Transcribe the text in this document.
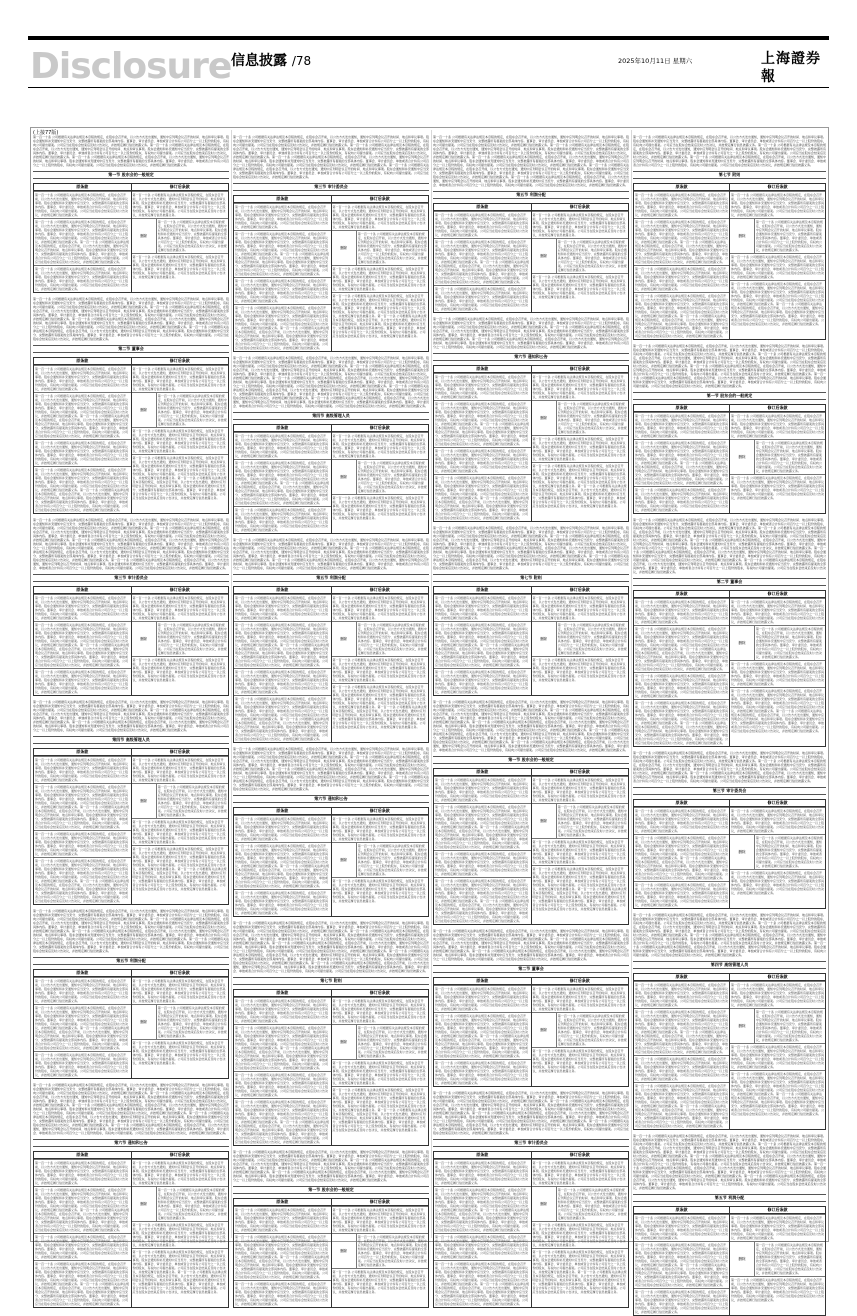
Disclosure 信息披露 /78	2025年10月11日 星期六	上海證券報
(上接77版)
第一百一十条 公司根据有关法律法规及本章程的规定，在股东会召开前，以公告方式发出通知，通知中应列明会议召开的时间、地点和审议事项。股东会通知和补充通知中应当充分、完整披露所有提案的全部具体内容。董事会、审计委员会、单独或者合计持有公司百分之一以上股份的股东，有权向公司提出提案。公司应当在股东会结束后及时公告决议，并按规定履行信息披露义务。第一百一十条 公司根据有关法律法规及本章程的规定，在股东会召开前，以公告方式发出通知，通知中应列明会议召开的时间、地点和审议事项。股东会通知和补充通知中应当充分、完整披露所有提案的全部具体内容。董事会、审计委员会、单独或者合计持有公司百分之一以上股份的股东，有权向公司提出提案。公司应当在股东会结束后及时公告决议，并按规定履行信息披露义务。第一百一十条 公司根据有关法律法规及本章程的规定，在股东会召开前，以公告方式发出通知，通知中应列明会议召开的时间、地点和审议事项。股东会通知和补充通知中应当充分、完整披露所有提案的全部具体内容。董事会、审计委员会、单独或者合计持有公司百分之一以上股份的股东，有权向公司提出提案。公司应当在股东会结束后及时公告决议，并按规定履行信息披露义务。
第一节 股东会的一般规定
原条款
第一百一十条 公司根据有关法律法规及本章程的规定，在股东会召开前，以公告方式发出通知，通知中应列明会议召开的时间、地点和审议事项。股东会通知和补充通知中应当充分、完整披露所有提案的全部具体内容。董事会、审计委员会、单独或者合计持有公司百分之一以上股份的股东，有权向公司提出提案。公司应当在股东会结束后及时公告决议，并按规定履行信息披露义务。
第一百一十条 公司根据有关法律法规及本章程的规定，在股东会召开前，以公告方式发出通知，通知中应列明会议召开的时间、地点和审议事项。股东会通知和补充通知中应当充分、完整披露所有提案的全部具体内容。董事会、审计委员会、单独或者合计持有公司百分之一以上股份的股东，有权向公司提出提案。公司应当在股东会结束后及时公告决议，并按规定履行信息披露义务。第一百一十条 公司根据有关法律法规及本章程的规定，在股东会召开前，以公告方式发出通知，通知中应列明会议召开的时间、地点和审议事项。股东会通知和补充通知中应当充分、完整披露所有提案的全部具体内容。董事会、审计委员会、单独或者合计持有公司百分之一以上股份的股东，有权向公司提出提案。公司应当在股东会结束后及时公告决议，并按规定履行信息披露义务。
第一百一十条 公司根据有关法律法规及本章程的规定，在股东会召开前，以公告方式发出通知，通知中应列明会议召开的时间、地点和审议事项。股东会通知和补充通知中应当充分、完整披露所有提案的全部具体内容。董事会、审计委员会、单独或者合计持有公司百分之一以上股份的股东，有权向公司提出提案。公司应当在股东会结束后及时公告决议，并按规定履行信息披露义务。
修订后条款
第一百一十条 公司根据有关法律法规及本章程的规定，在股东会召开前，以公告方式发出通知，通知中应列明会议召开的时间、地点和审议事项。股东会通知和补充通知中应当充分、完整披露所有提案的全部具体内容。董事会、审计委员会、单独或者合计持有公司百分之一以上股份的股东，有权向公司提出提案。公司应当在股东会结束后及时公告决议，并按规定履行信息披露义务。
删除
第一百一十条 公司根据有关法律法规及本章程的规定，在股东会召开前，以公告方式发出通知，通知中应列明会议召开的时间、地点和审议事项。股东会通知和补充通知中应当充分、完整披露所有提案的全部具体内容。董事会、审计委员会、单独或者合计持有公司百分之一以上股份的股东，有权向公司提出提案。公司应当在股东会结束后及时公告决议，并按规定履行信息披露义务。
第一百一十条 公司根据有关法律法规及本章程的规定，在股东会召开前，以公告方式发出通知，通知中应列明会议召开的时间、地点和审议事项。股东会通知和补充通知中应当充分、完整披露所有提案的全部具体内容。董事会、审计委员会、单独或者合计持有公司百分之一以上股份的股东，有权向公司提出提案。公司应当在股东会结束后及时公告决议，并按规定履行信息披露义务。
第一百一十条 公司根据有关法律法规及本章程的规定，在股东会召开前，以公告方式发出通知，通知中应列明会议召开的时间、地点和审议事项。股东会通知和补充通知中应当充分、完整披露所有提案的全部具体内容。董事会、审计委员会、单独或者合计持有公司百分之一以上股份的股东，有权向公司提出提案。公司应当在股东会结束后及时公告决议，并按规定履行信息披露义务。第一百一十条 公司根据有关法律法规及本章程的规定，在股东会召开前，以公告方式发出通知，通知中应列明会议召开的时间、地点和审议事项。股东会通知和补充通知中应当充分、完整披露所有提案的全部具体内容。董事会、审计委员会、单独或者合计持有公司百分之一以上股份的股东，有权向公司提出提案。公司应当在股东会结束后及时公告决议，并按规定履行信息披露义务。第一百一十条 公司根据有关法律法规及本章程的规定，在股东会召开前，以公告方式发出通知，通知中应列明会议召开的时间、地点和审议事项。股东会通知和补充通知中应当充分、完整披露所有提案的全部具体内容。董事会、审计委员会、单独或者合计持有公司百分之一以上股份的股东，有权向公司提出提案。公司应当在股东会结束后及时公告决议，并按规定履行信息披露义务。第一百一十条 公司根据有关法律法规及本章程的规定，在股东会召开前，以公告方式发出通知，通知中应列明会议召开的时间、地点和审议事项。股东会通知和补充通知中应当充分、完整披露所有提案的全部具体内容。董事会、审计委员会、单独或者合计持有公司百分之一以上股份的股东，有权向公司提出提案。公司应当在股东会结束后及时公告决议，并按规定履行信息披露义务。
第二节 董事会
原条款
第一百一十条 公司根据有关法律法规及本章程的规定，在股东会召开前，以公告方式发出通知，通知中应列明会议召开的时间、地点和审议事项。股东会通知和补充通知中应当充分、完整披露所有提案的全部具体内容。董事会、审计委员会、单独或者合计持有公司百分之一以上股份的股东，有权向公司提出提案。公司应当在股东会结束后及时公告决议，并按规定履行信息披露义务。
第一百一十条 公司根据有关法律法规及本章程的规定，在股东会召开前，以公告方式发出通知，通知中应列明会议召开的时间、地点和审议事项。股东会通知和补充通知中应当充分、完整披露所有提案的全部具体内容。董事会、审计委员会、单独或者合计持有公司百分之一以上股份的股东，有权向公司提出提案。公司应当在股东会结束后及时公告决议，并按规定履行信息披露义务。第一百一十条 公司根据有关法律法规及本章程的规定，在股东会召开前，以公告方式发出通知，通知中应列明会议召开的时间、地点和审议事项。股东会通知和补充通知中应当充分、完整披露所有提案的全部具体内容。董事会、审计委员会、单独或者合计持有公司百分之一以上股份的股东，有权向公司提出提案。公司应当在股东会结束后及时公告决议，并按规定履行信息披露义务。
第一百一十条 公司根据有关法律法规及本章程的规定，在股东会召开前，以公告方式发出通知，通知中应列明会议召开的时间、地点和审议事项。股东会通知和补充通知中应当充分、完整披露所有提案的全部具体内容。董事会、审计委员会、单独或者合计持有公司百分之一以上股份的股东，有权向公司提出提案。公司应当在股东会结束后及时公告决议，并按规定履行信息披露义务。
第一百一十条 公司根据有关法律法规及本章程的规定，在股东会召开前，以公告方式发出通知，通知中应列明会议召开的时间、地点和审议事项。股东会通知和补充通知中应当充分、完整披露所有提案的全部具体内容。董事会、审计委员会、单独或者合计持有公司百分之一以上股份的股东，有权向公司提出提案。公司应当在股东会结束后及时公告决议，并按规定履行信息披露义务。第一百一十条 公司根据有关法律法规及本章程的规定，在股东会召开前，以公告方式发出通知，通知中应列明会议召开的时间、地点和审议事项。股东会通知和补充通知中应当充分、完整披露所有提案的全部具体内容。董事会、审计委员会、单独或者合计持有公司百分之一以上股份的股东，有权向公司提出提案。公司应当在股东会结束后及时公告决议，并按规定履行信息披露义务。
修订后条款
第一百一十条 公司根据有关法律法规及本章程的规定，在股东会召开前，以公告方式发出通知，通知中应列明会议召开的时间、地点和审议事项。股东会通知和补充通知中应当充分、完整披露所有提案的全部具体内容。董事会、审计委员会、单独或者合计持有公司百分之一以上股份的股东，有权向公司提出提案。公司应当在股东会结束后及时公告决议，并按规定履行信息披露义务。
删除
第一百一十条 公司根据有关法律法规及本章程的规定，在股东会召开前，以公告方式发出通知，通知中应列明会议召开的时间、地点和审议事项。股东会通知和补充通知中应当充分、完整披露所有提案的全部具体内容。董事会、审计委员会、单独或者合计持有公司百分之一以上股份的股东，有权向公司提出提案。公司应当在股东会结束后及时公告决议，并按规定履行信息披露义务。
第一百一十条 公司根据有关法律法规及本章程的规定，在股东会召开前，以公告方式发出通知，通知中应列明会议召开的时间、地点和审议事项。股东会通知和补充通知中应当充分、完整披露所有提案的全部具体内容。董事会、审计委员会、单独或者合计持有公司百分之一以上股份的股东，有权向公司提出提案。公司应当在股东会结束后及时公告决议，并按规定履行信息披露义务。
第一百一十条 公司根据有关法律法规及本章程的规定，在股东会召开前，以公告方式发出通知，通知中应列明会议召开的时间、地点和审议事项。股东会通知和补充通知中应当充分、完整披露所有提案的全部具体内容。董事会、审计委员会、单独或者合计持有公司百分之一以上股份的股东，有权向公司提出提案。公司应当在股东会结束后及时公告决议，并按规定履行信息披露义务。第一百一十条 公司根据有关法律法规及本章程的规定，在股东会召开前，以公告方式发出通知，通知中应列明会议召开的时间、地点和审议事项。股东会通知和补充通知中应当充分、完整披露所有提案的全部具体内容。董事会、审计委员会、单独或者合计持有公司百分之一以上股份的股东，有权向公司提出提案。公司应当在股东会结束后及时公告决议，并按规定履行信息披露义务。
第一百一十条 公司根据有关法律法规及本章程的规定，在股东会召开前，以公告方式发出通知，通知中应列明会议召开的时间、地点和审议事项。股东会通知和补充通知中应当充分、完整披露所有提案的全部具体内容。董事会、审计委员会、单独或者合计持有公司百分之一以上股份的股东，有权向公司提出提案。公司应当在股东会结束后及时公告决议，并按规定履行信息披露义务。第一百一十条 公司根据有关法律法规及本章程的规定，在股东会召开前，以公告方式发出通知，通知中应列明会议召开的时间、地点和审议事项。股东会通知和补充通知中应当充分、完整披露所有提案的全部具体内容。董事会、审计委员会、单独或者合计持有公司百分之一以上股份的股东，有权向公司提出提案。公司应当在股东会结束后及时公告决议，并按规定履行信息披露义务。第一百一十条 公司根据有关法律法规及本章程的规定，在股东会召开前，以公告方式发出通知，通知中应列明会议召开的时间、地点和审议事项。股东会通知和补充通知中应当充分、完整披露所有提案的全部具体内容。董事会、审计委员会、单独或者合计持有公司百分之一以上股份的股东，有权向公司提出提案。公司应当在股东会结束后及时公告决议，并按规定履行信息披露义务。第一百一十条 公司根据有关法律法规及本章程的规定，在股东会召开前，以公告方式发出通知，通知中应列明会议召开的时间、地点和审议事项。股东会通知和补充通知中应当充分、完整披露所有提案的全部具体内容。董事会、审计委员会、单独或者合计持有公司百分之一以上股份的股东，有权向公司提出提案。公司应当在股东会结束后及时公告决议，并按规定履行信息披露义务。第一百一十条 公司根据有关法律法规及本章程的规定，在股东会召开前，以公告方式发出通知，通知中应列明会议召开的时间、地点和审议事项。股东会通知和补充通知中应当充分、完整披露所有提案的全部具体内容。董事会、审计委员会、单独或者合计持有公司百分之一以上股份的股东，有权向公司提出提案。公司应当在股东会结束后及时公告决议，并按规定履行信息披露义务。
第三节 审计委员会
原条款
第一百一十条 公司根据有关法律法规及本章程的规定，在股东会召开前，以公告方式发出通知，通知中应列明会议召开的时间、地点和审议事项。股东会通知和补充通知中应当充分、完整披露所有提案的全部具体内容。董事会、审计委员会、单独或者合计持有公司百分之一以上股份的股东，有权向公司提出提案。公司应当在股东会结束后及时公告决议，并按规定履行信息披露义务。
第一百一十条 公司根据有关法律法规及本章程的规定，在股东会召开前，以公告方式发出通知，通知中应列明会议召开的时间、地点和审议事项。股东会通知和补充通知中应当充分、完整披露所有提案的全部具体内容。董事会、审计委员会、单独或者合计持有公司百分之一以上股份的股东，有权向公司提出提案。公司应当在股东会结束后及时公告决议，并按规定履行信息披露义务。第一百一十条 公司根据有关法律法规及本章程的规定，在股东会召开前，以公告方式发出通知，通知中应列明会议召开的时间、地点和审议事项。股东会通知和补充通知中应当充分、完整披露所有提案的全部具体内容。董事会、审计委员会、单独或者合计持有公司百分之一以上股份的股东，有权向公司提出提案。公司应当在股东会结束后及时公告决议，并按规定履行信息披露义务。
第一百一十条 公司根据有关法律法规及本章程的规定，在股东会召开前，以公告方式发出通知，通知中应列明会议召开的时间、地点和审议事项。股东会通知和补充通知中应当充分、完整披露所有提案的全部具体内容。董事会、审计委员会、单独或者合计持有公司百分之一以上股份的股东，有权向公司提出提案。公司应当在股东会结束后及时公告决议，并按规定履行信息披露义务。
修订后条款
第一百一十条 公司根据有关法律法规及本章程的规定，在股东会召开前，以公告方式发出通知，通知中应列明会议召开的时间、地点和审议事项。股东会通知和补充通知中应当充分、完整披露所有提案的全部具体内容。董事会、审计委员会、单独或者合计持有公司百分之一以上股份的股东，有权向公司提出提案。公司应当在股东会结束后及时公告决议，并按规定履行信息披露义务。
删除
第一百一十条 公司根据有关法律法规及本章程的规定，在股东会召开前，以公告方式发出通知，通知中应列明会议召开的时间、地点和审议事项。股东会通知和补充通知中应当充分、完整披露所有提案的全部具体内容。董事会、审计委员会、单独或者合计持有公司百分之一以上股份的股东，有权向公司提出提案。公司应当在股东会结束后及时公告决议，并按规定履行信息披露义务。
第一百一十条 公司根据有关法律法规及本章程的规定，在股东会召开前，以公告方式发出通知，通知中应列明会议召开的时间、地点和审议事项。股东会通知和补充通知中应当充分、完整披露所有提案的全部具体内容。董事会、审计委员会、单独或者合计持有公司百分之一以上股份的股东，有权向公司提出提案。公司应当在股东会结束后及时公告决议，并按规定履行信息披露义务。
第一百一十条 公司根据有关法律法规及本章程的规定，在股东会召开前，以公告方式发出通知，通知中应列明会议召开的时间、地点和审议事项。股东会通知和补充通知中应当充分、完整披露所有提案的全部具体内容。董事会、审计委员会、单独或者合计持有公司百分之一以上股份的股东，有权向公司提出提案。公司应当在股东会结束后及时公告决议，并按规定履行信息披露义务。第一百一十条 公司根据有关法律法规及本章程的规定，在股东会召开前，以公告方式发出通知，通知中应列明会议召开的时间、地点和审议事项。股东会通知和补充通知中应当充分、完整披露所有提案的全部具体内容。董事会、审计委员会、单独或者合计持有公司百分之一以上股份的股东，有权向公司提出提案。公司应当在股东会结束后及时公告决议，并按规定履行信息披露义务。第一百一十条 公司根据有关法律法规及本章程的规定，在股东会召开前，以公告方式发出通知，通知中应列明会议召开的时间、地点和审议事项。股东会通知和补充通知中应当充分、完整披露所有提案的全部具体内容。董事会、审计委员会、单独或者合计持有公司百分之一以上股份的股东，有权向公司提出提案。公司应当在股东会结束后及时公告决议，并按规定履行信息披露义务。
第四节 高级管理人员
原条款
第一百一十条 公司根据有关法律法规及本章程的规定，在股东会召开前，以公告方式发出通知，通知中应列明会议召开的时间、地点和审议事项。股东会通知和补充通知中应当充分、完整披露所有提案的全部具体内容。董事会、审计委员会、单独或者合计持有公司百分之一以上股份的股东，有权向公司提出提案。公司应当在股东会结束后及时公告决议，并按规定履行信息披露义务。
第一百一十条 公司根据有关法律法规及本章程的规定，在股东会召开前，以公告方式发出通知，通知中应列明会议召开的时间、地点和审议事项。股东会通知和补充通知中应当充分、完整披露所有提案的全部具体内容。董事会、审计委员会、单独或者合计持有公司百分之一以上股份的股东，有权向公司提出提案。公司应当在股东会结束后及时公告决议，并按规定履行信息披露义务。第一百一十条 公司根据有关法律法规及本章程的规定，在股东会召开前，以公告方式发出通知，通知中应列明会议召开的时间、地点和审议事项。股东会通知和补充通知中应当充分、完整披露所有提案的全部具体内容。董事会、审计委员会、单独或者合计持有公司百分之一以上股份的股东，有权向公司提出提案。公司应当在股东会结束后及时公告决议，并按规定履行信息披露义务。
第一百一十条 公司根据有关法律法规及本章程的规定，在股东会召开前，以公告方式发出通知，通知中应列明会议召开的时间、地点和审议事项。股东会通知和补充通知中应当充分、完整披露所有提案的全部具体内容。董事会、审计委员会、单独或者合计持有公司百分之一以上股份的股东，有权向公司提出提案。公司应当在股东会结束后及时公告决议，并按规定履行信息披露义务。
第一百一十条 公司根据有关法律法规及本章程的规定，在股东会召开前，以公告方式发出通知，通知中应列明会议召开的时间、地点和审议事项。股东会通知和补充通知中应当充分、完整披露所有提案的全部具体内容。董事会、审计委员会、单独或者合计持有公司百分之一以上股份的股东，有权向公司提出提案。公司应当在股东会结束后及时公告决议，并按规定履行信息披露义务。第一百一十条 公司根据有关法律法规及本章程的规定，在股东会召开前，以公告方式发出通知，通知中应列明会议召开的时间、地点和审议事项。股东会通知和补充通知中应当充分、完整披露所有提案的全部具体内容。董事会、审计委员会、单独或者合计持有公司百分之一以上股份的股东，有权向公司提出提案。公司应当在股东会结束后及时公告决议，并按规定履行信息披露义务。
修订后条款
第一百一十条 公司根据有关法律法规及本章程的规定，在股东会召开前，以公告方式发出通知，通知中应列明会议召开的时间、地点和审议事项。股东会通知和补充通知中应当充分、完整披露所有提案的全部具体内容。董事会、审计委员会、单独或者合计持有公司百分之一以上股份的股东，有权向公司提出提案。公司应当在股东会结束后及时公告决议，并按规定履行信息披露义务。
删除
第一百一十条 公司根据有关法律法规及本章程的规定，在股东会召开前，以公告方式发出通知，通知中应列明会议召开的时间、地点和审议事项。股东会通知和补充通知中应当充分、完整披露所有提案的全部具体内容。董事会、审计委员会、单独或者合计持有公司百分之一以上股份的股东，有权向公司提出提案。公司应当在股东会结束后及时公告决议，并按规定履行信息披露义务。
第一百一十条 公司根据有关法律法规及本章程的规定，在股东会召开前，以公告方式发出通知，通知中应列明会议召开的时间、地点和审议事项。股东会通知和补充通知中应当充分、完整披露所有提案的全部具体内容。董事会、审计委员会、单独或者合计持有公司百分之一以上股份的股东，有权向公司提出提案。公司应当在股东会结束后及时公告决议，并按规定履行信息披露义务。
第一百一十条 公司根据有关法律法规及本章程的规定，在股东会召开前，以公告方式发出通知，通知中应列明会议召开的时间、地点和审议事项。股东会通知和补充通知中应当充分、完整披露所有提案的全部具体内容。董事会、审计委员会、单独或者合计持有公司百分之一以上股份的股东，有权向公司提出提案。公司应当在股东会结束后及时公告决议，并按规定履行信息披露义务。第一百一十条 公司根据有关法律法规及本章程的规定，在股东会召开前，以公告方式发出通知，通知中应列明会议召开的时间、地点和审议事项。股东会通知和补充通知中应当充分、完整披露所有提案的全部具体内容。董事会、审计委员会、单独或者合计持有公司百分之一以上股份的股东，有权向公司提出提案。公司应当在股东会结束后及时公告决议，并按规定履行信息披露义务。
第一百一十条 公司根据有关法律法规及本章程的规定，在股东会召开前，以公告方式发出通知，通知中应列明会议召开的时间、地点和审议事项。股东会通知和补充通知中应当充分、完整披露所有提案的全部具体内容。董事会、审计委员会、单独或者合计持有公司百分之一以上股份的股东，有权向公司提出提案。公司应当在股东会结束后及时公告决议，并按规定履行信息披露义务。第一百一十条 公司根据有关法律法规及本章程的规定，在股东会召开前，以公告方式发出通知，通知中应列明会议召开的时间、地点和审议事项。股东会通知和补充通知中应当充分、完整披露所有提案的全部具体内容。董事会、审计委员会、单独或者合计持有公司百分之一以上股份的股东，有权向公司提出提案。公司应当在股东会结束后及时公告决议，并按规定履行信息披露义务。第一百一十条 公司根据有关法律法规及本章程的规定，在股东会召开前，以公告方式发出通知，通知中应列明会议召开的时间、地点和审议事项。股东会通知和补充通知中应当充分、完整披露所有提案的全部具体内容。董事会、审计委员会、单独或者合计持有公司百分之一以上股份的股东，有权向公司提出提案。公司应当在股东会结束后及时公告决议，并按规定履行信息披露义务。第一百一十条 公司根据有关法律法规及本章程的规定，在股东会召开前，以公告方式发出通知，通知中应列明会议召开的时间、地点和审议事项。股东会通知和补充通知中应当充分、完整披露所有提案的全部具体内容。董事会、审计委员会、单独或者合计持有公司百分之一以上股份的股东，有权向公司提出提案。公司应当在股东会结束后及时公告决议，并按规定履行信息披露义务。
第五节 利润分配
原条款
第一百一十条 公司根据有关法律法规及本章程的规定，在股东会召开前，以公告方式发出通知，通知中应列明会议召开的时间、地点和审议事项。股东会通知和补充通知中应当充分、完整披露所有提案的全部具体内容。董事会、审计委员会、单独或者合计持有公司百分之一以上股份的股东，有权向公司提出提案。公司应当在股东会结束后及时公告决议，并按规定履行信息披露义务。
第一百一十条 公司根据有关法律法规及本章程的规定，在股东会召开前，以公告方式发出通知，通知中应列明会议召开的时间、地点和审议事项。股东会通知和补充通知中应当充分、完整披露所有提案的全部具体内容。董事会、审计委员会、单独或者合计持有公司百分之一以上股份的股东，有权向公司提出提案。公司应当在股东会结束后及时公告决议，并按规定履行信息披露义务。第一百一十条 公司根据有关法律法规及本章程的规定，在股东会召开前，以公告方式发出通知，通知中应列明会议召开的时间、地点和审议事项。股东会通知和补充通知中应当充分、完整披露所有提案的全部具体内容。董事会、审计委员会、单独或者合计持有公司百分之一以上股份的股东，有权向公司提出提案。公司应当在股东会结束后及时公告决议，并按规定履行信息披露义务。
第一百一十条 公司根据有关法律法规及本章程的规定，在股东会召开前，以公告方式发出通知，通知中应列明会议召开的时间、地点和审议事项。股东会通知和补充通知中应当充分、完整披露所有提案的全部具体内容。董事会、审计委员会、单独或者合计持有公司百分之一以上股份的股东，有权向公司提出提案。公司应当在股东会结束后及时公告决议，并按规定履行信息披露义务。
修订后条款
第一百一十条 公司根据有关法律法规及本章程的规定，在股东会召开前，以公告方式发出通知，通知中应列明会议召开的时间、地点和审议事项。股东会通知和补充通知中应当充分、完整披露所有提案的全部具体内容。董事会、审计委员会、单独或者合计持有公司百分之一以上股份的股东，有权向公司提出提案。公司应当在股东会结束后及时公告决议，并按规定履行信息披露义务。
删除
第一百一十条 公司根据有关法律法规及本章程的规定，在股东会召开前，以公告方式发出通知，通知中应列明会议召开的时间、地点和审议事项。股东会通知和补充通知中应当充分、完整披露所有提案的全部具体内容。董事会、审计委员会、单独或者合计持有公司百分之一以上股份的股东，有权向公司提出提案。公司应当在股东会结束后及时公告决议，并按规定履行信息披露义务。
第一百一十条 公司根据有关法律法规及本章程的规定，在股东会召开前，以公告方式发出通知，通知中应列明会议召开的时间、地点和审议事项。股东会通知和补充通知中应当充分、完整披露所有提案的全部具体内容。董事会、审计委员会、单独或者合计持有公司百分之一以上股份的股东，有权向公司提出提案。公司应当在股东会结束后及时公告决议，并按规定履行信息披露义务。
第一百一十条 公司根据有关法律法规及本章程的规定，在股东会召开前，以公告方式发出通知，通知中应列明会议召开的时间、地点和审议事项。股东会通知和补充通知中应当充分、完整披露所有提案的全部具体内容。董事会、审计委员会、单独或者合计持有公司百分之一以上股份的股东，有权向公司提出提案。公司应当在股东会结束后及时公告决议，并按规定履行信息披露义务。第一百一十条 公司根据有关法律法规及本章程的规定，在股东会召开前，以公告方式发出通知，通知中应列明会议召开的时间、地点和审议事项。股东会通知和补充通知中应当充分、完整披露所有提案的全部具体内容。董事会、审计委员会、单独或者合计持有公司百分之一以上股份的股东，有权向公司提出提案。公司应当在股东会结束后及时公告决议，并按规定履行信息披露义务。第一百一十条 公司根据有关法律法规及本章程的规定，在股东会召开前，以公告方式发出通知，通知中应列明会议召开的时间、地点和审议事项。股东会通知和补充通知中应当充分、完整披露所有提案的全部具体内容。董事会、审计委员会、单独或者合计持有公司百分之一以上股份的股东，有权向公司提出提案。公司应当在股东会结束后及时公告决议，并按规定履行信息披露义务。第一百一十条 公司根据有关法律法规及本章程的规定，在股东会召开前，以公告方式发出通知，通知中应列明会议召开的时间、地点和审议事项。股东会通知和补充通知中应当充分、完整披露所有提案的全部具体内容。董事会、审计委员会、单独或者合计持有公司百分之一以上股份的股东，有权向公司提出提案。公司应当在股东会结束后及时公告决议，并按规定履行信息披露义务。第一百一十条 公司根据有关法律法规及本章程的规定，在股东会召开前，以公告方式发出通知，通知中应列明会议召开的时间、地点和审议事项。股东会通知和补充通知中应当充分、完整披露所有提案的全部具体内容。董事会、审计委员会、单独或者合计持有公司百分之一以上股份的股东，有权向公司提出提案。公司应当在股东会结束后及时公告决议，并按规定履行信息披露义务。
第六节 通知和公告
原条款
第一百一十条 公司根据有关法律法规及本章程的规定，在股东会召开前，以公告方式发出通知，通知中应列明会议召开的时间、地点和审议事项。股东会通知和补充通知中应当充分、完整披露所有提案的全部具体内容。董事会、审计委员会、单独或者合计持有公司百分之一以上股份的股东，有权向公司提出提案。公司应当在股东会结束后及时公告决议，并按规定履行信息披露义务。
第一百一十条 公司根据有关法律法规及本章程的规定，在股东会召开前，以公告方式发出通知，通知中应列明会议召开的时间、地点和审议事项。股东会通知和补充通知中应当充分、完整披露所有提案的全部具体内容。董事会、审计委员会、单独或者合计持有公司百分之一以上股份的股东，有权向公司提出提案。公司应当在股东会结束后及时公告决议，并按规定履行信息披露义务。第一百一十条 公司根据有关法律法规及本章程的规定，在股东会召开前，以公告方式发出通知，通知中应列明会议召开的时间、地点和审议事项。股东会通知和补充通知中应当充分、完整披露所有提案的全部具体内容。董事会、审计委员会、单独或者合计持有公司百分之一以上股份的股东，有权向公司提出提案。公司应当在股东会结束后及时公告决议，并按规定履行信息披露义务。
第一百一十条 公司根据有关法律法规及本章程的规定，在股东会召开前，以公告方式发出通知，通知中应列明会议召开的时间、地点和审议事项。股东会通知和补充通知中应当充分、完整披露所有提案的全部具体内容。董事会、审计委员会、单独或者合计持有公司百分之一以上股份的股东，有权向公司提出提案。公司应当在股东会结束后及时公告决议，并按规定履行信息披露义务。
第一百一十条 公司根据有关法律法规及本章程的规定，在股东会召开前，以公告方式发出通知，通知中应列明会议召开的时间、地点和审议事项。股东会通知和补充通知中应当充分、完整披露所有提案的全部具体内容。董事会、审计委员会、单独或者合计持有公司百分之一以上股份的股东，有权向公司提出提案。公司应当在股东会结束后及时公告决议，并按规定履行信息披露义务。第一百一十条 公司根据有关法律法规及本章程的规定，在股东会召开前，以公告方式发出通知，通知中应列明会议召开的时间、地点和审议事项。股东会通知和补充通知中应当充分、完整披露所有提案的全部具体内容。董事会、审计委员会、单独或者合计持有公司百分之一以上股份的股东，有权向公司提出提案。公司应当在股东会结束后及时公告决议，并按规定履行信息披露义务。
修订后条款
第一百一十条 公司根据有关法律法规及本章程的规定，在股东会召开前，以公告方式发出通知，通知中应列明会议召开的时间、地点和审议事项。股东会通知和补充通知中应当充分、完整披露所有提案的全部具体内容。董事会、审计委员会、单独或者合计持有公司百分之一以上股份的股东，有权向公司提出提案。公司应当在股东会结束后及时公告决议，并按规定履行信息披露义务。
删除
第一百一十条 公司根据有关法律法规及本章程的规定，在股东会召开前，以公告方式发出通知，通知中应列明会议召开的时间、地点和审议事项。股东会通知和补充通知中应当充分、完整披露所有提案的全部具体内容。董事会、审计委员会、单独或者合计持有公司百分之一以上股份的股东，有权向公司提出提案。公司应当在股东会结束后及时公告决议，并按规定履行信息披露义务。
第一百一十条 公司根据有关法律法规及本章程的规定，在股东会召开前，以公告方式发出通知，通知中应列明会议召开的时间、地点和审议事项。股东会通知和补充通知中应当充分、完整披露所有提案的全部具体内容。董事会、审计委员会、单独或者合计持有公司百分之一以上股份的股东，有权向公司提出提案。公司应当在股东会结束后及时公告决议，并按规定履行信息披露义务。
第一百一十条 公司根据有关法律法规及本章程的规定，在股东会召开前，以公告方式发出通知，通知中应列明会议召开的时间、地点和审议事项。股东会通知和补充通知中应当充分、完整披露所有提案的全部具体内容。董事会、审计委员会、单独或者合计持有公司百分之一以上股份的股东，有权向公司提出提案。公司应当在股东会结束后及时公告决议，并按规定履行信息披露义务。第一百一十条 公司根据有关法律法规及本章程的规定，在股东会召开前，以公告方式发出通知，通知中应列明会议召开的时间、地点和审议事项。股东会通知和补充通知中应当充分、完整披露所有提案的全部具体内容。董事会、审计委员会、单独或者合计持有公司百分之一以上股份的股东，有权向公司提出提案。公司应当在股东会结束后及时公告决议，并按规定履行信息披露义务。
第一百一十条 公司根据有关法律法规及本章程的规定，在股东会召开前，以公告方式发出通知，通知中应列明会议召开的时间、地点和审议事项。股东会通知和补充通知中应当充分、完整披露所有提案的全部具体内容。董事会、审计委员会、单独或者合计持有公司百分之一以上股份的股东，有权向公司提出提案。公司应当在股东会结束后及时公告决议，并按规定履行信息披露义务。第一百一十条 公司根据有关法律法规及本章程的规定，在股东会召开前，以公告方式发出通知，通知中应列明会议召开的时间、地点和审议事项。股东会通知和补充通知中应当充分、完整披露所有提案的全部具体内容。董事会、审计委员会、单独或者合计持有公司百分之一以上股份的股东，有权向公司提出提案。公司应当在股东会结束后及时公告决议，并按规定履行信息披露义务。第一百一十条 公司根据有关法律法规及本章程的规定，在股东会召开前，以公告方式发出通知，通知中应列明会议召开的时间、地点和审议事项。股东会通知和补充通知中应当充分、完整披露所有提案的全部具体内容。董事会、审计委员会、单独或者合计持有公司百分之一以上股份的股东，有权向公司提出提案。公司应当在股东会结束后及时公告决议，并按规定履行信息披露义务。第一百一十条 公司根据有关法律法规及本章程的规定，在股东会召开前，以公告方式发出通知，通知中应列明会议召开的时间、地点和审议事项。股东会通知和补充通知中应当充分、完整披露所有提案的全部具体内容。董事会、审计委员会、单独或者合计持有公司百分之一以上股份的股东，有权向公司提出提案。公司应当在股东会结束后及时公告决议，并按规定履行信息披露义务。
第三节 审计委员会
原条款
第一百一十条 公司根据有关法律法规及本章程的规定，在股东会召开前，以公告方式发出通知，通知中应列明会议召开的时间、地点和审议事项。股东会通知和补充通知中应当充分、完整披露所有提案的全部具体内容。董事会、审计委员会、单独或者合计持有公司百分之一以上股份的股东，有权向公司提出提案。公司应当在股东会结束后及时公告决议，并按规定履行信息披露义务。
第一百一十条 公司根据有关法律法规及本章程的规定，在股东会召开前，以公告方式发出通知，通知中应列明会议召开的时间、地点和审议事项。股东会通知和补充通知中应当充分、完整披露所有提案的全部具体内容。董事会、审计委员会、单独或者合计持有公司百分之一以上股份的股东，有权向公司提出提案。公司应当在股东会结束后及时公告决议，并按规定履行信息披露义务。第一百一十条 公司根据有关法律法规及本章程的规定，在股东会召开前，以公告方式发出通知，通知中应列明会议召开的时间、地点和审议事项。股东会通知和补充通知中应当充分、完整披露所有提案的全部具体内容。董事会、审计委员会、单独或者合计持有公司百分之一以上股份的股东，有权向公司提出提案。公司应当在股东会结束后及时公告决议，并按规定履行信息披露义务。
第一百一十条 公司根据有关法律法规及本章程的规定，在股东会召开前，以公告方式发出通知，通知中应列明会议召开的时间、地点和审议事项。股东会通知和补充通知中应当充分、完整披露所有提案的全部具体内容。董事会、审计委员会、单独或者合计持有公司百分之一以上股份的股东，有权向公司提出提案。公司应当在股东会结束后及时公告决议，并按规定履行信息披露义务。
第一百一十条 公司根据有关法律法规及本章程的规定，在股东会召开前，以公告方式发出通知，通知中应列明会议召开的时间、地点和审议事项。股东会通知和补充通知中应当充分、完整披露所有提案的全部具体内容。董事会、审计委员会、单独或者合计持有公司百分之一以上股份的股东，有权向公司提出提案。公司应当在股东会结束后及时公告决议，并按规定履行信息披露义务。第一百一十条 公司根据有关法律法规及本章程的规定，在股东会召开前，以公告方式发出通知，通知中应列明会议召开的时间、地点和审议事项。股东会通知和补充通知中应当充分、完整披露所有提案的全部具体内容。董事会、审计委员会、单独或者合计持有公司百分之一以上股份的股东，有权向公司提出提案。公司应当在股东会结束后及时公告决议，并按规定履行信息披露义务。
修订后条款
第一百一十条 公司根据有关法律法规及本章程的规定，在股东会召开前，以公告方式发出通知，通知中应列明会议召开的时间、地点和审议事项。股东会通知和补充通知中应当充分、完整披露所有提案的全部具体内容。董事会、审计委员会、单独或者合计持有公司百分之一以上股份的股东，有权向公司提出提案。公司应当在股东会结束后及时公告决议，并按规定履行信息披露义务。
删除
第一百一十条 公司根据有关法律法规及本章程的规定，在股东会召开前，以公告方式发出通知，通知中应列明会议召开的时间、地点和审议事项。股东会通知和补充通知中应当充分、完整披露所有提案的全部具体内容。董事会、审计委员会、单独或者合计持有公司百分之一以上股份的股东，有权向公司提出提案。公司应当在股东会结束后及时公告决议，并按规定履行信息披露义务。
第一百一十条 公司根据有关法律法规及本章程的规定，在股东会召开前，以公告方式发出通知，通知中应列明会议召开的时间、地点和审议事项。股东会通知和补充通知中应当充分、完整披露所有提案的全部具体内容。董事会、审计委员会、单独或者合计持有公司百分之一以上股份的股东，有权向公司提出提案。公司应当在股东会结束后及时公告决议，并按规定履行信息披露义务。
第一百一十条 公司根据有关法律法规及本章程的规定，在股东会召开前，以公告方式发出通知，通知中应列明会议召开的时间、地点和审议事项。股东会通知和补充通知中应当充分、完整披露所有提案的全部具体内容。董事会、审计委员会、单独或者合计持有公司百分之一以上股份的股东，有权向公司提出提案。公司应当在股东会结束后及时公告决议，并按规定履行信息披露义务。第一百一十条 公司根据有关法律法规及本章程的规定，在股东会召开前，以公告方式发出通知，通知中应列明会议召开的时间、地点和审议事项。股东会通知和补充通知中应当充分、完整披露所有提案的全部具体内容。董事会、审计委员会、单独或者合计持有公司百分之一以上股份的股东，有权向公司提出提案。公司应当在股东会结束后及时公告决议，并按规定履行信息披露义务。
第一百一十条 公司根据有关法律法规及本章程的规定，在股东会召开前，以公告方式发出通知，通知中应列明会议召开的时间、地点和审议事项。股东会通知和补充通知中应当充分、完整披露所有提案的全部具体内容。董事会、审计委员会、单独或者合计持有公司百分之一以上股份的股东，有权向公司提出提案。公司应当在股东会结束后及时公告决议，并按规定履行信息披露义务。第一百一十条 公司根据有关法律法规及本章程的规定，在股东会召开前，以公告方式发出通知，通知中应列明会议召开的时间、地点和审议事项。股东会通知和补充通知中应当充分、完整披露所有提案的全部具体内容。董事会、审计委员会、单独或者合计持有公司百分之一以上股份的股东，有权向公司提出提案。公司应当在股东会结束后及时公告决议，并按规定履行信息披露义务。第一百一十条 公司根据有关法律法规及本章程的规定，在股东会召开前，以公告方式发出通知，通知中应列明会议召开的时间、地点和审议事项。股东会通知和补充通知中应当充分、完整披露所有提案的全部具体内容。董事会、审计委员会、单独或者合计持有公司百分之一以上股份的股东，有权向公司提出提案。公司应当在股东会结束后及时公告决议，并按规定履行信息披露义务。第一百一十条 公司根据有关法律法规及本章程的规定，在股东会召开前，以公告方式发出通知，通知中应列明会议召开的时间、地点和审议事项。股东会通知和补充通知中应当充分、完整披露所有提案的全部具体内容。董事会、审计委员会、单独或者合计持有公司百分之一以上股份的股东，有权向公司提出提案。公司应当在股东会结束后及时公告决议，并按规定履行信息披露义务。第一百一十条 公司根据有关法律法规及本章程的规定，在股东会召开前，以公告方式发出通知，通知中应列明会议召开的时间、地点和审议事项。股东会通知和补充通知中应当充分、完整披露所有提案的全部具体内容。董事会、审计委员会、单独或者合计持有公司百分之一以上股份的股东，有权向公司提出提案。公司应当在股东会结束后及时公告决议，并按规定履行信息披露义务。
第四节 高级管理人员
原条款
第一百一十条 公司根据有关法律法规及本章程的规定，在股东会召开前，以公告方式发出通知，通知中应列明会议召开的时间、地点和审议事项。股东会通知和补充通知中应当充分、完整披露所有提案的全部具体内容。董事会、审计委员会、单独或者合计持有公司百分之一以上股份的股东，有权向公司提出提案。公司应当在股东会结束后及时公告决议，并按规定履行信息披露义务。
第一百一十条 公司根据有关法律法规及本章程的规定，在股东会召开前，以公告方式发出通知，通知中应列明会议召开的时间、地点和审议事项。股东会通知和补充通知中应当充分、完整披露所有提案的全部具体内容。董事会、审计委员会、单独或者合计持有公司百分之一以上股份的股东，有权向公司提出提案。公司应当在股东会结束后及时公告决议，并按规定履行信息披露义务。第一百一十条 公司根据有关法律法规及本章程的规定，在股东会召开前，以公告方式发出通知，通知中应列明会议召开的时间、地点和审议事项。股东会通知和补充通知中应当充分、完整披露所有提案的全部具体内容。董事会、审计委员会、单独或者合计持有公司百分之一以上股份的股东，有权向公司提出提案。公司应当在股东会结束后及时公告决议，并按规定履行信息披露义务。
第一百一十条 公司根据有关法律法规及本章程的规定，在股东会召开前，以公告方式发出通知，通知中应列明会议召开的时间、地点和审议事项。股东会通知和补充通知中应当充分、完整披露所有提案的全部具体内容。董事会、审计委员会、单独或者合计持有公司百分之一以上股份的股东，有权向公司提出提案。公司应当在股东会结束后及时公告决议，并按规定履行信息披露义务。
修订后条款
第一百一十条 公司根据有关法律法规及本章程的规定，在股东会召开前，以公告方式发出通知，通知中应列明会议召开的时间、地点和审议事项。股东会通知和补充通知中应当充分、完整披露所有提案的全部具体内容。董事会、审计委员会、单独或者合计持有公司百分之一以上股份的股东，有权向公司提出提案。公司应当在股东会结束后及时公告决议，并按规定履行信息披露义务。
删除
第一百一十条 公司根据有关法律法规及本章程的规定，在股东会召开前，以公告方式发出通知，通知中应列明会议召开的时间、地点和审议事项。股东会通知和补充通知中应当充分、完整披露所有提案的全部具体内容。董事会、审计委员会、单独或者合计持有公司百分之一以上股份的股东，有权向公司提出提案。公司应当在股东会结束后及时公告决议，并按规定履行信息披露义务。
第一百一十条 公司根据有关法律法规及本章程的规定，在股东会召开前，以公告方式发出通知，通知中应列明会议召开的时间、地点和审议事项。股东会通知和补充通知中应当充分、完整披露所有提案的全部具体内容。董事会、审计委员会、单独或者合计持有公司百分之一以上股份的股东，有权向公司提出提案。公司应当在股东会结束后及时公告决议，并按规定履行信息披露义务。
第一百一十条 公司根据有关法律法规及本章程的规定，在股东会召开前，以公告方式发出通知，通知中应列明会议召开的时间、地点和审议事项。股东会通知和补充通知中应当充分、完整披露所有提案的全部具体内容。董事会、审计委员会、单独或者合计持有公司百分之一以上股份的股东，有权向公司提出提案。公司应当在股东会结束后及时公告决议，并按规定履行信息披露义务。第一百一十条 公司根据有关法律法规及本章程的规定，在股东会召开前，以公告方式发出通知，通知中应列明会议召开的时间、地点和审议事项。股东会通知和补充通知中应当充分、完整披露所有提案的全部具体内容。董事会、审计委员会、单独或者合计持有公司百分之一以上股份的股东，有权向公司提出提案。公司应当在股东会结束后及时公告决议，并按规定履行信息披露义务。第一百一十条 公司根据有关法律法规及本章程的规定，在股东会召开前，以公告方式发出通知，通知中应列明会议召开的时间、地点和审议事项。股东会通知和补充通知中应当充分、完整披露所有提案的全部具体内容。董事会、审计委员会、单独或者合计持有公司百分之一以上股份的股东，有权向公司提出提案。公司应当在股东会结束后及时公告决议，并按规定履行信息披露义务。
第五节 利润分配
原条款
第一百一十条 公司根据有关法律法规及本章程的规定，在股东会召开前，以公告方式发出通知，通知中应列明会议召开的时间、地点和审议事项。股东会通知和补充通知中应当充分、完整披露所有提案的全部具体内容。董事会、审计委员会、单独或者合计持有公司百分之一以上股份的股东，有权向公司提出提案。公司应当在股东会结束后及时公告决议，并按规定履行信息披露义务。
第一百一十条 公司根据有关法律法规及本章程的规定，在股东会召开前，以公告方式发出通知，通知中应列明会议召开的时间、地点和审议事项。股东会通知和补充通知中应当充分、完整披露所有提案的全部具体内容。董事会、审计委员会、单独或者合计持有公司百分之一以上股份的股东，有权向公司提出提案。公司应当在股东会结束后及时公告决议，并按规定履行信息披露义务。第一百一十条 公司根据有关法律法规及本章程的规定，在股东会召开前，以公告方式发出通知，通知中应列明会议召开的时间、地点和审议事项。股东会通知和补充通知中应当充分、完整披露所有提案的全部具体内容。董事会、审计委员会、单独或者合计持有公司百分之一以上股份的股东，有权向公司提出提案。公司应当在股东会结束后及时公告决议，并按规定履行信息披露义务。
第一百一十条 公司根据有关法律法规及本章程的规定，在股东会召开前，以公告方式发出通知，通知中应列明会议召开的时间、地点和审议事项。股东会通知和补充通知中应当充分、完整披露所有提案的全部具体内容。董事会、审计委员会、单独或者合计持有公司百分之一以上股份的股东，有权向公司提出提案。公司应当在股东会结束后及时公告决议，并按规定履行信息披露义务。
第一百一十条 公司根据有关法律法规及本章程的规定，在股东会召开前，以公告方式发出通知，通知中应列明会议召开的时间、地点和审议事项。股东会通知和补充通知中应当充分、完整披露所有提案的全部具体内容。董事会、审计委员会、单独或者合计持有公司百分之一以上股份的股东，有权向公司提出提案。公司应当在股东会结束后及时公告决议，并按规定履行信息披露义务。第一百一十条 公司根据有关法律法规及本章程的规定，在股东会召开前，以公告方式发出通知，通知中应列明会议召开的时间、地点和审议事项。股东会通知和补充通知中应当充分、完整披露所有提案的全部具体内容。董事会、审计委员会、单独或者合计持有公司百分之一以上股份的股东，有权向公司提出提案。公司应当在股东会结束后及时公告决议，并按规定履行信息披露义务。
修订后条款
第一百一十条 公司根据有关法律法规及本章程的规定，在股东会召开前，以公告方式发出通知，通知中应列明会议召开的时间、地点和审议事项。股东会通知和补充通知中应当充分、完整披露所有提案的全部具体内容。董事会、审计委员会、单独或者合计持有公司百分之一以上股份的股东，有权向公司提出提案。公司应当在股东会结束后及时公告决议，并按规定履行信息披露义务。
删除
第一百一十条 公司根据有关法律法规及本章程的规定，在股东会召开前，以公告方式发出通知，通知中应列明会议召开的时间、地点和审议事项。股东会通知和补充通知中应当充分、完整披露所有提案的全部具体内容。董事会、审计委员会、单独或者合计持有公司百分之一以上股份的股东，有权向公司提出提案。公司应当在股东会结束后及时公告决议，并按规定履行信息披露义务。
第一百一十条 公司根据有关法律法规及本章程的规定，在股东会召开前，以公告方式发出通知，通知中应列明会议召开的时间、地点和审议事项。股东会通知和补充通知中应当充分、完整披露所有提案的全部具体内容。董事会、审计委员会、单独或者合计持有公司百分之一以上股份的股东，有权向公司提出提案。公司应当在股东会结束后及时公告决议，并按规定履行信息披露义务。
第一百一十条 公司根据有关法律法规及本章程的规定，在股东会召开前，以公告方式发出通知，通知中应列明会议召开的时间、地点和审议事项。股东会通知和补充通知中应当充分、完整披露所有提案的全部具体内容。董事会、审计委员会、单独或者合计持有公司百分之一以上股份的股东，有权向公司提出提案。公司应当在股东会结束后及时公告决议，并按规定履行信息披露义务。第一百一十条 公司根据有关法律法规及本章程的规定，在股东会召开前，以公告方式发出通知，通知中应列明会议召开的时间、地点和审议事项。股东会通知和补充通知中应当充分、完整披露所有提案的全部具体内容。董事会、审计委员会、单独或者合计持有公司百分之一以上股份的股东，有权向公司提出提案。公司应当在股东会结束后及时公告决议，并按规定履行信息披露义务。
第一百一十条 公司根据有关法律法规及本章程的规定，在股东会召开前，以公告方式发出通知，通知中应列明会议召开的时间、地点和审议事项。股东会通知和补充通知中应当充分、完整披露所有提案的全部具体内容。董事会、审计委员会、单独或者合计持有公司百分之一以上股份的股东，有权向公司提出提案。公司应当在股东会结束后及时公告决议，并按规定履行信息披露义务。第一百一十条 公司根据有关法律法规及本章程的规定，在股东会召开前，以公告方式发出通知，通知中应列明会议召开的时间、地点和审议事项。股东会通知和补充通知中应当充分、完整披露所有提案的全部具体内容。董事会、审计委员会、单独或者合计持有公司百分之一以上股份的股东，有权向公司提出提案。公司应当在股东会结束后及时公告决议，并按规定履行信息披露义务。第一百一十条 公司根据有关法律法规及本章程的规定，在股东会召开前，以公告方式发出通知，通知中应列明会议召开的时间、地点和审议事项。股东会通知和补充通知中应当充分、完整披露所有提案的全部具体内容。董事会、审计委员会、单独或者合计持有公司百分之一以上股份的股东，有权向公司提出提案。公司应当在股东会结束后及时公告决议，并按规定履行信息披露义务。第一百一十条 公司根据有关法律法规及本章程的规定，在股东会召开前，以公告方式发出通知，通知中应列明会议召开的时间、地点和审议事项。股东会通知和补充通知中应当充分、完整披露所有提案的全部具体内容。董事会、审计委员会、单独或者合计持有公司百分之一以上股份的股东，有权向公司提出提案。公司应当在股东会结束后及时公告决议，并按规定履行信息披露义务。
第六节 通知和公告
原条款
第一百一十条 公司根据有关法律法规及本章程的规定，在股东会召开前，以公告方式发出通知，通知中应列明会议召开的时间、地点和审议事项。股东会通知和补充通知中应当充分、完整披露所有提案的全部具体内容。董事会、审计委员会、单独或者合计持有公司百分之一以上股份的股东，有权向公司提出提案。公司应当在股东会结束后及时公告决议，并按规定履行信息披露义务。
第一百一十条 公司根据有关法律法规及本章程的规定，在股东会召开前，以公告方式发出通知，通知中应列明会议召开的时间、地点和审议事项。股东会通知和补充通知中应当充分、完整披露所有提案的全部具体内容。董事会、审计委员会、单独或者合计持有公司百分之一以上股份的股东，有权向公司提出提案。公司应当在股东会结束后及时公告决议，并按规定履行信息披露义务。第一百一十条 公司根据有关法律法规及本章程的规定，在股东会召开前，以公告方式发出通知，通知中应列明会议召开的时间、地点和审议事项。股东会通知和补充通知中应当充分、完整披露所有提案的全部具体内容。董事会、审计委员会、单独或者合计持有公司百分之一以上股份的股东，有权向公司提出提案。公司应当在股东会结束后及时公告决议，并按规定履行信息披露义务。
第一百一十条 公司根据有关法律法规及本章程的规定，在股东会召开前，以公告方式发出通知，通知中应列明会议召开的时间、地点和审议事项。股东会通知和补充通知中应当充分、完整披露所有提案的全部具体内容。董事会、审计委员会、单独或者合计持有公司百分之一以上股份的股东，有权向公司提出提案。公司应当在股东会结束后及时公告决议，并按规定履行信息披露义务。
修订后条款
第一百一十条 公司根据有关法律法规及本章程的规定，在股东会召开前，以公告方式发出通知，通知中应列明会议召开的时间、地点和审议事项。股东会通知和补充通知中应当充分、完整披露所有提案的全部具体内容。董事会、审计委员会、单独或者合计持有公司百分之一以上股份的股东，有权向公司提出提案。公司应当在股东会结束后及时公告决议，并按规定履行信息披露义务。
删除
第一百一十条 公司根据有关法律法规及本章程的规定，在股东会召开前，以公告方式发出通知，通知中应列明会议召开的时间、地点和审议事项。股东会通知和补充通知中应当充分、完整披露所有提案的全部具体内容。董事会、审计委员会、单独或者合计持有公司百分之一以上股份的股东，有权向公司提出提案。公司应当在股东会结束后及时公告决议，并按规定履行信息披露义务。
第一百一十条 公司根据有关法律法规及本章程的规定，在股东会召开前，以公告方式发出通知，通知中应列明会议召开的时间、地点和审议事项。股东会通知和补充通知中应当充分、完整披露所有提案的全部具体内容。董事会、审计委员会、单独或者合计持有公司百分之一以上股份的股东，有权向公司提出提案。公司应当在股东会结束后及时公告决议，并按规定履行信息披露义务。
第一百一十条 公司根据有关法律法规及本章程的规定，在股东会召开前，以公告方式发出通知，通知中应列明会议召开的时间、地点和审议事项。股东会通知和补充通知中应当充分、完整披露所有提案的全部具体内容。董事会、审计委员会、单独或者合计持有公司百分之一以上股份的股东，有权向公司提出提案。公司应当在股东会结束后及时公告决议，并按规定履行信息披露义务。第一百一十条 公司根据有关法律法规及本章程的规定，在股东会召开前，以公告方式发出通知，通知中应列明会议召开的时间、地点和审议事项。股东会通知和补充通知中应当充分、完整披露所有提案的全部具体内容。董事会、审计委员会、单独或者合计持有公司百分之一以上股份的股东，有权向公司提出提案。公司应当在股东会结束后及时公告决议，并按规定履行信息披露义务。第一百一十条 公司根据有关法律法规及本章程的规定，在股东会召开前，以公告方式发出通知，通知中应列明会议召开的时间、地点和审议事项。股东会通知和补充通知中应当充分、完整披露所有提案的全部具体内容。董事会、审计委员会、单独或者合计持有公司百分之一以上股份的股东，有权向公司提出提案。公司应当在股东会结束后及时公告决议，并按规定履行信息披露义务。第一百一十条 公司根据有关法律法规及本章程的规定，在股东会召开前，以公告方式发出通知，通知中应列明会议召开的时间、地点和审议事项。股东会通知和补充通知中应当充分、完整披露所有提案的全部具体内容。董事会、审计委员会、单独或者合计持有公司百分之一以上股份的股东，有权向公司提出提案。公司应当在股东会结束后及时公告决议，并按规定履行信息披露义务。第一百一十条 公司根据有关法律法规及本章程的规定，在股东会召开前，以公告方式发出通知，通知中应列明会议召开的时间、地点和审议事项。股东会通知和补充通知中应当充分、完整披露所有提案的全部具体内容。董事会、审计委员会、单独或者合计持有公司百分之一以上股份的股东，有权向公司提出提案。公司应当在股东会结束后及时公告决议，并按规定履行信息披露义务。
第七节 附则
原条款
第一百一十条 公司根据有关法律法规及本章程的规定，在股东会召开前，以公告方式发出通知，通知中应列明会议召开的时间、地点和审议事项。股东会通知和补充通知中应当充分、完整披露所有提案的全部具体内容。董事会、审计委员会、单独或者合计持有公司百分之一以上股份的股东，有权向公司提出提案。公司应当在股东会结束后及时公告决议，并按规定履行信息披露义务。
第一百一十条 公司根据有关法律法规及本章程的规定，在股东会召开前，以公告方式发出通知，通知中应列明会议召开的时间、地点和审议事项。股东会通知和补充通知中应当充分、完整披露所有提案的全部具体内容。董事会、审计委员会、单独或者合计持有公司百分之一以上股份的股东，有权向公司提出提案。公司应当在股东会结束后及时公告决议，并按规定履行信息披露义务。第一百一十条 公司根据有关法律法规及本章程的规定，在股东会召开前，以公告方式发出通知，通知中应列明会议召开的时间、地点和审议事项。股东会通知和补充通知中应当充分、完整披露所有提案的全部具体内容。董事会、审计委员会、单独或者合计持有公司百分之一以上股份的股东，有权向公司提出提案。公司应当在股东会结束后及时公告决议，并按规定履行信息披露义务。
第一百一十条 公司根据有关法律法规及本章程的规定，在股东会召开前，以公告方式发出通知，通知中应列明会议召开的时间、地点和审议事项。股东会通知和补充通知中应当充分、完整披露所有提案的全部具体内容。董事会、审计委员会、单独或者合计持有公司百分之一以上股份的股东，有权向公司提出提案。公司应当在股东会结束后及时公告决议，并按规定履行信息披露义务。
第一百一十条 公司根据有关法律法规及本章程的规定，在股东会召开前，以公告方式发出通知，通知中应列明会议召开的时间、地点和审议事项。股东会通知和补充通知中应当充分、完整披露所有提案的全部具体内容。董事会、审计委员会、单独或者合计持有公司百分之一以上股份的股东，有权向公司提出提案。公司应当在股东会结束后及时公告决议，并按规定履行信息披露义务。第一百一十条 公司根据有关法律法规及本章程的规定，在股东会召开前，以公告方式发出通知，通知中应列明会议召开的时间、地点和审议事项。股东会通知和补充通知中应当充分、完整披露所有提案的全部具体内容。董事会、审计委员会、单独或者合计持有公司百分之一以上股份的股东，有权向公司提出提案。公司应当在股东会结束后及时公告决议，并按规定履行信息披露义务。
修订后条款
第一百一十条 公司根据有关法律法规及本章程的规定，在股东会召开前，以公告方式发出通知，通知中应列明会议召开的时间、地点和审议事项。股东会通知和补充通知中应当充分、完整披露所有提案的全部具体内容。董事会、审计委员会、单独或者合计持有公司百分之一以上股份的股东，有权向公司提出提案。公司应当在股东会结束后及时公告决议，并按规定履行信息披露义务。
删除
第一百一十条 公司根据有关法律法规及本章程的规定，在股东会召开前，以公告方式发出通知，通知中应列明会议召开的时间、地点和审议事项。股东会通知和补充通知中应当充分、完整披露所有提案的全部具体内容。董事会、审计委员会、单独或者合计持有公司百分之一以上股份的股东，有权向公司提出提案。公司应当在股东会结束后及时公告决议，并按规定履行信息披露义务。
第一百一十条 公司根据有关法律法规及本章程的规定，在股东会召开前，以公告方式发出通知，通知中应列明会议召开的时间、地点和审议事项。股东会通知和补充通知中应当充分、完整披露所有提案的全部具体内容。董事会、审计委员会、单独或者合计持有公司百分之一以上股份的股东，有权向公司提出提案。公司应当在股东会结束后及时公告决议，并按规定履行信息披露义务。
第一百一十条 公司根据有关法律法规及本章程的规定，在股东会召开前，以公告方式发出通知，通知中应列明会议召开的时间、地点和审议事项。股东会通知和补充通知中应当充分、完整披露所有提案的全部具体内容。董事会、审计委员会、单独或者合计持有公司百分之一以上股份的股东，有权向公司提出提案。公司应当在股东会结束后及时公告决议，并按规定履行信息披露义务。第一百一十条 公司根据有关法律法规及本章程的规定，在股东会召开前，以公告方式发出通知，通知中应列明会议召开的时间、地点和审议事项。股东会通知和补充通知中应当充分、完整披露所有提案的全部具体内容。董事会、审计委员会、单独或者合计持有公司百分之一以上股份的股东，有权向公司提出提案。公司应当在股东会结束后及时公告决议，并按规定履行信息披露义务。
第一百一十条 公司根据有关法律法规及本章程的规定，在股东会召开前，以公告方式发出通知，通知中应列明会议召开的时间、地点和审议事项。股东会通知和补充通知中应当充分、完整披露所有提案的全部具体内容。董事会、审计委员会、单独或者合计持有公司百分之一以上股份的股东，有权向公司提出提案。公司应当在股东会结束后及时公告决议，并按规定履行信息披露义务。第一百一十条 公司根据有关法律法规及本章程的规定，在股东会召开前，以公告方式发出通知，通知中应列明会议召开的时间、地点和审议事项。股东会通知和补充通知中应当充分、完整披露所有提案的全部具体内容。董事会、审计委员会、单独或者合计持有公司百分之一以上股份的股东，有权向公司提出提案。公司应当在股东会结束后及时公告决议，并按规定履行信息披露义务。第一百一十条 公司根据有关法律法规及本章程的规定，在股东会召开前，以公告方式发出通知，通知中应列明会议召开的时间、地点和审议事项。股东会通知和补充通知中应当充分、完整披露所有提案的全部具体内容。董事会、审计委员会、单独或者合计持有公司百分之一以上股份的股东，有权向公司提出提案。公司应当在股东会结束后及时公告决议，并按规定履行信息披露义务。
第一节 股东会的一般规定
原条款
第一百一十条 公司根据有关法律法规及本章程的规定，在股东会召开前，以公告方式发出通知，通知中应列明会议召开的时间、地点和审议事项。股东会通知和补充通知中应当充分、完整披露所有提案的全部具体内容。董事会、审计委员会、单独或者合计持有公司百分之一以上股份的股东，有权向公司提出提案。公司应当在股东会结束后及时公告决议，并按规定履行信息披露义务。
第一百一十条 公司根据有关法律法规及本章程的规定，在股东会召开前，以公告方式发出通知，通知中应列明会议召开的时间、地点和审议事项。股东会通知和补充通知中应当充分、完整披露所有提案的全部具体内容。董事会、审计委员会、单独或者合计持有公司百分之一以上股份的股东，有权向公司提出提案。公司应当在股东会结束后及时公告决议，并按规定履行信息披露义务。第一百一十条 公司根据有关法律法规及本章程的规定，在股东会召开前，以公告方式发出通知，通知中应列明会议召开的时间、地点和审议事项。股东会通知和补充通知中应当充分、完整披露所有提案的全部具体内容。董事会、审计委员会、单独或者合计持有公司百分之一以上股份的股东，有权向公司提出提案。公司应当在股东会结束后及时公告决议，并按规定履行信息披露义务。
第一百一十条 公司根据有关法律法规及本章程的规定，在股东会召开前，以公告方式发出通知，通知中应列明会议召开的时间、地点和审议事项。股东会通知和补充通知中应当充分、完整披露所有提案的全部具体内容。董事会、审计委员会、单独或者合计持有公司百分之一以上股份的股东，有权向公司提出提案。公司应当在股东会结束后及时公告决议，并按规定履行信息披露义务。
修订后条款
第一百一十条 公司根据有关法律法规及本章程的规定，在股东会召开前，以公告方式发出通知，通知中应列明会议召开的时间、地点和审议事项。股东会通知和补充通知中应当充分、完整披露所有提案的全部具体内容。董事会、审计委员会、单独或者合计持有公司百分之一以上股份的股东，有权向公司提出提案。公司应当在股东会结束后及时公告决议，并按规定履行信息披露义务。
删除
第一百一十条 公司根据有关法律法规及本章程的规定，在股东会召开前，以公告方式发出通知，通知中应列明会议召开的时间、地点和审议事项。股东会通知和补充通知中应当充分、完整披露所有提案的全部具体内容。董事会、审计委员会、单独或者合计持有公司百分之一以上股份的股东，有权向公司提出提案。公司应当在股东会结束后及时公告决议，并按规定履行信息披露义务。
第一百一十条 公司根据有关法律法规及本章程的规定，在股东会召开前，以公告方式发出通知，通知中应列明会议召开的时间、地点和审议事项。股东会通知和补充通知中应当充分、完整披露所有提案的全部具体内容。董事会、审计委员会、单独或者合计持有公司百分之一以上股份的股东，有权向公司提出提案。公司应当在股东会结束后及时公告决议，并按规定履行信息披露义务。
第一百一十条 公司根据有关法律法规及本章程的规定，在股东会召开前，以公告方式发出通知，通知中应列明会议召开的时间、地点和审议事项。股东会通知和补充通知中应当充分、完整披露所有提案的全部具体内容。董事会、审计委员会、单独或者合计持有公司百分之一以上股份的股东，有权向公司提出提案。公司应当在股东会结束后及时公告决议，并按规定履行信息披露义务。第一百一十条 公司根据有关法律法规及本章程的规定，在股东会召开前，以公告方式发出通知，通知中应列明会议召开的时间、地点和审议事项。股东会通知和补充通知中应当充分、完整披露所有提案的全部具体内容。董事会、审计委员会、单独或者合计持有公司百分之一以上股份的股东，有权向公司提出提案。公司应当在股东会结束后及时公告决议，并按规定履行信息披露义务。第一百一十条 公司根据有关法律法规及本章程的规定，在股东会召开前，以公告方式发出通知，通知中应列明会议召开的时间、地点和审议事项。股东会通知和补充通知中应当充分、完整披露所有提案的全部具体内容。董事会、审计委员会、单独或者合计持有公司百分之一以上股份的股东，有权向公司提出提案。公司应当在股东会结束后及时公告决议，并按规定履行信息披露义务。第一百一十条 公司根据有关法律法规及本章程的规定，在股东会召开前，以公告方式发出通知，通知中应列明会议召开的时间、地点和审议事项。股东会通知和补充通知中应当充分、完整披露所有提案的全部具体内容。董事会、审计委员会、单独或者合计持有公司百分之一以上股份的股东，有权向公司提出提案。公司应当在股东会结束后及时公告决议，并按规定履行信息披露义务。第一百一十条 公司根据有关法律法规及本章程的规定，在股东会召开前，以公告方式发出通知，通知中应列明会议召开的时间、地点和审议事项。股东会通知和补充通知中应当充分、完整披露所有提案的全部具体内容。董事会、审计委员会、单独或者合计持有公司百分之一以上股份的股东，有权向公司提出提案。公司应当在股东会结束后及时公告决议，并按规定履行信息披露义务。
第五节 利润分配
原条款
第一百一十条 公司根据有关法律法规及本章程的规定，在股东会召开前，以公告方式发出通知，通知中应列明会议召开的时间、地点和审议事项。股东会通知和补充通知中应当充分、完整披露所有提案的全部具体内容。董事会、审计委员会、单独或者合计持有公司百分之一以上股份的股东，有权向公司提出提案。公司应当在股东会结束后及时公告决议，并按规定履行信息披露义务。
第一百一十条 公司根据有关法律法规及本章程的规定，在股东会召开前，以公告方式发出通知，通知中应列明会议召开的时间、地点和审议事项。股东会通知和补充通知中应当充分、完整披露所有提案的全部具体内容。董事会、审计委员会、单独或者合计持有公司百分之一以上股份的股东，有权向公司提出提案。公司应当在股东会结束后及时公告决议，并按规定履行信息披露义务。第一百一十条 公司根据有关法律法规及本章程的规定，在股东会召开前，以公告方式发出通知，通知中应列明会议召开的时间、地点和审议事项。股东会通知和补充通知中应当充分、完整披露所有提案的全部具体内容。董事会、审计委员会、单独或者合计持有公司百分之一以上股份的股东，有权向公司提出提案。公司应当在股东会结束后及时公告决议，并按规定履行信息披露义务。
第一百一十条 公司根据有关法律法规及本章程的规定，在股东会召开前，以公告方式发出通知，通知中应列明会议召开的时间、地点和审议事项。股东会通知和补充通知中应当充分、完整披露所有提案的全部具体内容。董事会、审计委员会、单独或者合计持有公司百分之一以上股份的股东，有权向公司提出提案。公司应当在股东会结束后及时公告决议，并按规定履行信息披露义务。
修订后条款
第一百一十条 公司根据有关法律法规及本章程的规定，在股东会召开前，以公告方式发出通知，通知中应列明会议召开的时间、地点和审议事项。股东会通知和补充通知中应当充分、完整披露所有提案的全部具体内容。董事会、审计委员会、单独或者合计持有公司百分之一以上股份的股东，有权向公司提出提案。公司应当在股东会结束后及时公告决议，并按规定履行信息披露义务。
删除
第一百一十条 公司根据有关法律法规及本章程的规定，在股东会召开前，以公告方式发出通知，通知中应列明会议召开的时间、地点和审议事项。股东会通知和补充通知中应当充分、完整披露所有提案的全部具体内容。董事会、审计委员会、单独或者合计持有公司百分之一以上股份的股东，有权向公司提出提案。公司应当在股东会结束后及时公告决议，并按规定履行信息披露义务。
第一百一十条 公司根据有关法律法规及本章程的规定，在股东会召开前，以公告方式发出通知，通知中应列明会议召开的时间、地点和审议事项。股东会通知和补充通知中应当充分、完整披露所有提案的全部具体内容。董事会、审计委员会、单独或者合计持有公司百分之一以上股份的股东，有权向公司提出提案。公司应当在股东会结束后及时公告决议，并按规定履行信息披露义务。
第一百一十条 公司根据有关法律法规及本章程的规定，在股东会召开前，以公告方式发出通知，通知中应列明会议召开的时间、地点和审议事项。股东会通知和补充通知中应当充分、完整披露所有提案的全部具体内容。董事会、审计委员会、单独或者合计持有公司百分之一以上股份的股东，有权向公司提出提案。公司应当在股东会结束后及时公告决议，并按规定履行信息披露义务。第一百一十条 公司根据有关法律法规及本章程的规定，在股东会召开前，以公告方式发出通知，通知中应列明会议召开的时间、地点和审议事项。股东会通知和补充通知中应当充分、完整披露所有提案的全部具体内容。董事会、审计委员会、单独或者合计持有公司百分之一以上股份的股东，有权向公司提出提案。公司应当在股东会结束后及时公告决议，并按规定履行信息披露义务。第一百一十条 公司根据有关法律法规及本章程的规定，在股东会召开前，以公告方式发出通知，通知中应列明会议召开的时间、地点和审议事项。股东会通知和补充通知中应当充分、完整披露所有提案的全部具体内容。董事会、审计委员会、单独或者合计持有公司百分之一以上股份的股东，有权向公司提出提案。公司应当在股东会结束后及时公告决议，并按规定履行信息披露义务。
第六节 通知和公告
原条款
第一百一十条 公司根据有关法律法规及本章程的规定，在股东会召开前，以公告方式发出通知，通知中应列明会议召开的时间、地点和审议事项。股东会通知和补充通知中应当充分、完整披露所有提案的全部具体内容。董事会、审计委员会、单独或者合计持有公司百分之一以上股份的股东，有权向公司提出提案。公司应当在股东会结束后及时公告决议，并按规定履行信息披露义务。
第一百一十条 公司根据有关法律法规及本章程的规定，在股东会召开前，以公告方式发出通知，通知中应列明会议召开的时间、地点和审议事项。股东会通知和补充通知中应当充分、完整披露所有提案的全部具体内容。董事会、审计委员会、单独或者合计持有公司百分之一以上股份的股东，有权向公司提出提案。公司应当在股东会结束后及时公告决议，并按规定履行信息披露义务。第一百一十条 公司根据有关法律法规及本章程的规定，在股东会召开前，以公告方式发出通知，通知中应列明会议召开的时间、地点和审议事项。股东会通知和补充通知中应当充分、完整披露所有提案的全部具体内容。董事会、审计委员会、单独或者合计持有公司百分之一以上股份的股东，有权向公司提出提案。公司应当在股东会结束后及时公告决议，并按规定履行信息披露义务。
第一百一十条 公司根据有关法律法规及本章程的规定，在股东会召开前，以公告方式发出通知，通知中应列明会议召开的时间、地点和审议事项。股东会通知和补充通知中应当充分、完整披露所有提案的全部具体内容。董事会、审计委员会、单独或者合计持有公司百分之一以上股份的股东，有权向公司提出提案。公司应当在股东会结束后及时公告决议，并按规定履行信息披露义务。
第一百一十条 公司根据有关法律法规及本章程的规定，在股东会召开前，以公告方式发出通知，通知中应列明会议召开的时间、地点和审议事项。股东会通知和补充通知中应当充分、完整披露所有提案的全部具体内容。董事会、审计委员会、单独或者合计持有公司百分之一以上股份的股东，有权向公司提出提案。公司应当在股东会结束后及时公告决议，并按规定履行信息披露义务。第一百一十条 公司根据有关法律法规及本章程的规定，在股东会召开前，以公告方式发出通知，通知中应列明会议召开的时间、地点和审议事项。股东会通知和补充通知中应当充分、完整披露所有提案的全部具体内容。董事会、审计委员会、单独或者合计持有公司百分之一以上股份的股东，有权向公司提出提案。公司应当在股东会结束后及时公告决议，并按规定履行信息披露义务。
修订后条款
第一百一十条 公司根据有关法律法规及本章程的规定，在股东会召开前，以公告方式发出通知，通知中应列明会议召开的时间、地点和审议事项。股东会通知和补充通知中应当充分、完整披露所有提案的全部具体内容。董事会、审计委员会、单独或者合计持有公司百分之一以上股份的股东，有权向公司提出提案。公司应当在股东会结束后及时公告决议，并按规定履行信息披露义务。
删除
第一百一十条 公司根据有关法律法规及本章程的规定，在股东会召开前，以公告方式发出通知，通知中应列明会议召开的时间、地点和审议事项。股东会通知和补充通知中应当充分、完整披露所有提案的全部具体内容。董事会、审计委员会、单独或者合计持有公司百分之一以上股份的股东，有权向公司提出提案。公司应当在股东会结束后及时公告决议，并按规定履行信息披露义务。
第一百一十条 公司根据有关法律法规及本章程的规定，在股东会召开前，以公告方式发出通知，通知中应列明会议召开的时间、地点和审议事项。股东会通知和补充通知中应当充分、完整披露所有提案的全部具体内容。董事会、审计委员会、单独或者合计持有公司百分之一以上股份的股东，有权向公司提出提案。公司应当在股东会结束后及时公告决议，并按规定履行信息披露义务。
第一百一十条 公司根据有关法律法规及本章程的规定，在股东会召开前，以公告方式发出通知，通知中应列明会议召开的时间、地点和审议事项。股东会通知和补充通知中应当充分、完整披露所有提案的全部具体内容。董事会、审计委员会、单独或者合计持有公司百分之一以上股份的股东，有权向公司提出提案。公司应当在股东会结束后及时公告决议，并按规定履行信息披露义务。第一百一十条 公司根据有关法律法规及本章程的规定，在股东会召开前，以公告方式发出通知，通知中应列明会议召开的时间、地点和审议事项。股东会通知和补充通知中应当充分、完整披露所有提案的全部具体内容。董事会、审计委员会、单独或者合计持有公司百分之一以上股份的股东，有权向公司提出提案。公司应当在股东会结束后及时公告决议，并按规定履行信息披露义务。
第一百一十条 公司根据有关法律法规及本章程的规定，在股东会召开前，以公告方式发出通知，通知中应列明会议召开的时间、地点和审议事项。股东会通知和补充通知中应当充分、完整披露所有提案的全部具体内容。董事会、审计委员会、单独或者合计持有公司百分之一以上股份的股东，有权向公司提出提案。公司应当在股东会结束后及时公告决议，并按规定履行信息披露义务。第一百一十条 公司根据有关法律法规及本章程的规定，在股东会召开前，以公告方式发出通知，通知中应列明会议召开的时间、地点和审议事项。股东会通知和补充通知中应当充分、完整披露所有提案的全部具体内容。董事会、审计委员会、单独或者合计持有公司百分之一以上股份的股东，有权向公司提出提案。公司应当在股东会结束后及时公告决议，并按规定履行信息披露义务。第一百一十条 公司根据有关法律法规及本章程的规定，在股东会召开前，以公告方式发出通知，通知中应列明会议召开的时间、地点和审议事项。股东会通知和补充通知中应当充分、完整披露所有提案的全部具体内容。董事会、审计委员会、单独或者合计持有公司百分之一以上股份的股东，有权向公司提出提案。公司应当在股东会结束后及时公告决议，并按规定履行信息披露义务。第一百一十条 公司根据有关法律法规及本章程的规定，在股东会召开前，以公告方式发出通知，通知中应列明会议召开的时间、地点和审议事项。股东会通知和补充通知中应当充分、完整披露所有提案的全部具体内容。董事会、审计委员会、单独或者合计持有公司百分之一以上股份的股东，有权向公司提出提案。公司应当在股东会结束后及时公告决议，并按规定履行信息披露义务。
第七节 附则
原条款
第一百一十条 公司根据有关法律法规及本章程的规定，在股东会召开前，以公告方式发出通知，通知中应列明会议召开的时间、地点和审议事项。股东会通知和补充通知中应当充分、完整披露所有提案的全部具体内容。董事会、审计委员会、单独或者合计持有公司百分之一以上股份的股东，有权向公司提出提案。公司应当在股东会结束后及时公告决议，并按规定履行信息披露义务。
第一百一十条 公司根据有关法律法规及本章程的规定，在股东会召开前，以公告方式发出通知，通知中应列明会议召开的时间、地点和审议事项。股东会通知和补充通知中应当充分、完整披露所有提案的全部具体内容。董事会、审计委员会、单独或者合计持有公司百分之一以上股份的股东，有权向公司提出提案。公司应当在股东会结束后及时公告决议，并按规定履行信息披露义务。第一百一十条 公司根据有关法律法规及本章程的规定，在股东会召开前，以公告方式发出通知，通知中应列明会议召开的时间、地点和审议事项。股东会通知和补充通知中应当充分、完整披露所有提案的全部具体内容。董事会、审计委员会、单独或者合计持有公司百分之一以上股份的股东，有权向公司提出提案。公司应当在股东会结束后及时公告决议，并按规定履行信息披露义务。
第一百一十条 公司根据有关法律法规及本章程的规定，在股东会召开前，以公告方式发出通知，通知中应列明会议召开的时间、地点和审议事项。股东会通知和补充通知中应当充分、完整披露所有提案的全部具体内容。董事会、审计委员会、单独或者合计持有公司百分之一以上股份的股东，有权向公司提出提案。公司应当在股东会结束后及时公告决议，并按规定履行信息披露义务。
修订后条款
第一百一十条 公司根据有关法律法规及本章程的规定，在股东会召开前，以公告方式发出通知，通知中应列明会议召开的时间、地点和审议事项。股东会通知和补充通知中应当充分、完整披露所有提案的全部具体内容。董事会、审计委员会、单独或者合计持有公司百分之一以上股份的股东，有权向公司提出提案。公司应当在股东会结束后及时公告决议，并按规定履行信息披露义务。
删除
第一百一十条 公司根据有关法律法规及本章程的规定，在股东会召开前，以公告方式发出通知，通知中应列明会议召开的时间、地点和审议事项。股东会通知和补充通知中应当充分、完整披露所有提案的全部具体内容。董事会、审计委员会、单独或者合计持有公司百分之一以上股份的股东，有权向公司提出提案。公司应当在股东会结束后及时公告决议，并按规定履行信息披露义务。
第一百一十条 公司根据有关法律法规及本章程的规定，在股东会召开前，以公告方式发出通知，通知中应列明会议召开的时间、地点和审议事项。股东会通知和补充通知中应当充分、完整披露所有提案的全部具体内容。董事会、审计委员会、单独或者合计持有公司百分之一以上股份的股东，有权向公司提出提案。公司应当在股东会结束后及时公告决议，并按规定履行信息披露义务。
第一百一十条 公司根据有关法律法规及本章程的规定，在股东会召开前，以公告方式发出通知，通知中应列明会议召开的时间、地点和审议事项。股东会通知和补充通知中应当充分、完整披露所有提案的全部具体内容。董事会、审计委员会、单独或者合计持有公司百分之一以上股份的股东，有权向公司提出提案。公司应当在股东会结束后及时公告决议，并按规定履行信息披露义务。第一百一十条 公司根据有关法律法规及本章程的规定，在股东会召开前，以公告方式发出通知，通知中应列明会议召开的时间、地点和审议事项。股东会通知和补充通知中应当充分、完整披露所有提案的全部具体内容。董事会、审计委员会、单独或者合计持有公司百分之一以上股份的股东，有权向公司提出提案。公司应当在股东会结束后及时公告决议，并按规定履行信息披露义务。第一百一十条 公司根据有关法律法规及本章程的规定，在股东会召开前，以公告方式发出通知，通知中应列明会议召开的时间、地点和审议事项。股东会通知和补充通知中应当充分、完整披露所有提案的全部具体内容。董事会、审计委员会、单独或者合计持有公司百分之一以上股份的股东，有权向公司提出提案。公司应当在股东会结束后及时公告决议，并按规定履行信息披露义务。第一百一十条 公司根据有关法律法规及本章程的规定，在股东会召开前，以公告方式发出通知，通知中应列明会议召开的时间、地点和审议事项。股东会通知和补充通知中应当充分、完整披露所有提案的全部具体内容。董事会、审计委员会、单独或者合计持有公司百分之一以上股份的股东，有权向公司提出提案。公司应当在股东会结束后及时公告决议，并按规定履行信息披露义务。第一百一十条 公司根据有关法律法规及本章程的规定，在股东会召开前，以公告方式发出通知，通知中应列明会议召开的时间、地点和审议事项。股东会通知和补充通知中应当充分、完整披露所有提案的全部具体内容。董事会、审计委员会、单独或者合计持有公司百分之一以上股份的股东，有权向公司提出提案。公司应当在股东会结束后及时公告决议，并按规定履行信息披露义务。
第一节 股东会的一般规定
原条款
第一百一十条 公司根据有关法律法规及本章程的规定，在股东会召开前，以公告方式发出通知，通知中应列明会议召开的时间、地点和审议事项。股东会通知和补充通知中应当充分、完整披露所有提案的全部具体内容。董事会、审计委员会、单独或者合计持有公司百分之一以上股份的股东，有权向公司提出提案。公司应当在股东会结束后及时公告决议，并按规定履行信息披露义务。
第一百一十条 公司根据有关法律法规及本章程的规定，在股东会召开前，以公告方式发出通知，通知中应列明会议召开的时间、地点和审议事项。股东会通知和补充通知中应当充分、完整披露所有提案的全部具体内容。董事会、审计委员会、单独或者合计持有公司百分之一以上股份的股东，有权向公司提出提案。公司应当在股东会结束后及时公告决议，并按规定履行信息披露义务。第一百一十条 公司根据有关法律法规及本章程的规定，在股东会召开前，以公告方式发出通知，通知中应列明会议召开的时间、地点和审议事项。股东会通知和补充通知中应当充分、完整披露所有提案的全部具体内容。董事会、审计委员会、单独或者合计持有公司百分之一以上股份的股东，有权向公司提出提案。公司应当在股东会结束后及时公告决议，并按规定履行信息披露义务。
第一百一十条 公司根据有关法律法规及本章程的规定，在股东会召开前，以公告方式发出通知，通知中应列明会议召开的时间、地点和审议事项。股东会通知和补充通知中应当充分、完整披露所有提案的全部具体内容。董事会、审计委员会、单独或者合计持有公司百分之一以上股份的股东，有权向公司提出提案。公司应当在股东会结束后及时公告决议，并按规定履行信息披露义务。
第一百一十条 公司根据有关法律法规及本章程的规定，在股东会召开前，以公告方式发出通知，通知中应列明会议召开的时间、地点和审议事项。股东会通知和补充通知中应当充分、完整披露所有提案的全部具体内容。董事会、审计委员会、单独或者合计持有公司百分之一以上股份的股东，有权向公司提出提案。公司应当在股东会结束后及时公告决议，并按规定履行信息披露义务。第一百一十条 公司根据有关法律法规及本章程的规定，在股东会召开前，以公告方式发出通知，通知中应列明会议召开的时间、地点和审议事项。股东会通知和补充通知中应当充分、完整披露所有提案的全部具体内容。董事会、审计委员会、单独或者合计持有公司百分之一以上股份的股东，有权向公司提出提案。公司应当在股东会结束后及时公告决议，并按规定履行信息披露义务。
修订后条款
第一百一十条 公司根据有关法律法规及本章程的规定，在股东会召开前，以公告方式发出通知，通知中应列明会议召开的时间、地点和审议事项。股东会通知和补充通知中应当充分、完整披露所有提案的全部具体内容。董事会、审计委员会、单独或者合计持有公司百分之一以上股份的股东，有权向公司提出提案。公司应当在股东会结束后及时公告决议，并按规定履行信息披露义务。
删除
第一百一十条 公司根据有关法律法规及本章程的规定，在股东会召开前，以公告方式发出通知，通知中应列明会议召开的时间、地点和审议事项。股东会通知和补充通知中应当充分、完整披露所有提案的全部具体内容。董事会、审计委员会、单独或者合计持有公司百分之一以上股份的股东，有权向公司提出提案。公司应当在股东会结束后及时公告决议，并按规定履行信息披露义务。
第一百一十条 公司根据有关法律法规及本章程的规定，在股东会召开前，以公告方式发出通知，通知中应列明会议召开的时间、地点和审议事项。股东会通知和补充通知中应当充分、完整披露所有提案的全部具体内容。董事会、审计委员会、单独或者合计持有公司百分之一以上股份的股东，有权向公司提出提案。公司应当在股东会结束后及时公告决议，并按规定履行信息披露义务。
第一百一十条 公司根据有关法律法规及本章程的规定，在股东会召开前，以公告方式发出通知，通知中应列明会议召开的时间、地点和审议事项。股东会通知和补充通知中应当充分、完整披露所有提案的全部具体内容。董事会、审计委员会、单独或者合计持有公司百分之一以上股份的股东，有权向公司提出提案。公司应当在股东会结束后及时公告决议，并按规定履行信息披露义务。第一百一十条 公司根据有关法律法规及本章程的规定，在股东会召开前，以公告方式发出通知，通知中应列明会议召开的时间、地点和审议事项。股东会通知和补充通知中应当充分、完整披露所有提案的全部具体内容。董事会、审计委员会、单独或者合计持有公司百分之一以上股份的股东，有权向公司提出提案。公司应当在股东会结束后及时公告决议，并按规定履行信息披露义务。
第一百一十条 公司根据有关法律法规及本章程的规定，在股东会召开前，以公告方式发出通知，通知中应列明会议召开的时间、地点和审议事项。股东会通知和补充通知中应当充分、完整披露所有提案的全部具体内容。董事会、审计委员会、单独或者合计持有公司百分之一以上股份的股东，有权向公司提出提案。公司应当在股东会结束后及时公告决议，并按规定履行信息披露义务。第一百一十条 公司根据有关法律法规及本章程的规定，在股东会召开前，以公告方式发出通知，通知中应列明会议召开的时间、地点和审议事项。股东会通知和补充通知中应当充分、完整披露所有提案的全部具体内容。董事会、审计委员会、单独或者合计持有公司百分之一以上股份的股东，有权向公司提出提案。公司应当在股东会结束后及时公告决议，并按规定履行信息披露义务。第一百一十条 公司根据有关法律法规及本章程的规定，在股东会召开前，以公告方式发出通知，通知中应列明会议召开的时间、地点和审议事项。股东会通知和补充通知中应当充分、完整披露所有提案的全部具体内容。董事会、审计委员会、单独或者合计持有公司百分之一以上股份的股东，有权向公司提出提案。公司应当在股东会结束后及时公告决议，并按规定履行信息披露义务。
第二节 董事会
原条款
第一百一十条 公司根据有关法律法规及本章程的规定，在股东会召开前，以公告方式发出通知，通知中应列明会议召开的时间、地点和审议事项。股东会通知和补充通知中应当充分、完整披露所有提案的全部具体内容。董事会、审计委员会、单独或者合计持有公司百分之一以上股份的股东，有权向公司提出提案。公司应当在股东会结束后及时公告决议，并按规定履行信息披露义务。
第一百一十条 公司根据有关法律法规及本章程的规定，在股东会召开前，以公告方式发出通知，通知中应列明会议召开的时间、地点和审议事项。股东会通知和补充通知中应当充分、完整披露所有提案的全部具体内容。董事会、审计委员会、单独或者合计持有公司百分之一以上股份的股东，有权向公司提出提案。公司应当在股东会结束后及时公告决议，并按规定履行信息披露义务。第一百一十条 公司根据有关法律法规及本章程的规定，在股东会召开前，以公告方式发出通知，通知中应列明会议召开的时间、地点和审议事项。股东会通知和补充通知中应当充分、完整披露所有提案的全部具体内容。董事会、审计委员会、单独或者合计持有公司百分之一以上股份的股东，有权向公司提出提案。公司应当在股东会结束后及时公告决议，并按规定履行信息披露义务。
第一百一十条 公司根据有关法律法规及本章程的规定，在股东会召开前，以公告方式发出通知，通知中应列明会议召开的时间、地点和审议事项。股东会通知和补充通知中应当充分、完整披露所有提案的全部具体内容。董事会、审计委员会、单独或者合计持有公司百分之一以上股份的股东，有权向公司提出提案。公司应当在股东会结束后及时公告决议，并按规定履行信息披露义务。
修订后条款
第一百一十条 公司根据有关法律法规及本章程的规定，在股东会召开前，以公告方式发出通知，通知中应列明会议召开的时间、地点和审议事项。股东会通知和补充通知中应当充分、完整披露所有提案的全部具体内容。董事会、审计委员会、单独或者合计持有公司百分之一以上股份的股东，有权向公司提出提案。公司应当在股东会结束后及时公告决议，并按规定履行信息披露义务。
删除
第一百一十条 公司根据有关法律法规及本章程的规定，在股东会召开前，以公告方式发出通知，通知中应列明会议召开的时间、地点和审议事项。股东会通知和补充通知中应当充分、完整披露所有提案的全部具体内容。董事会、审计委员会、单独或者合计持有公司百分之一以上股份的股东，有权向公司提出提案。公司应当在股东会结束后及时公告决议，并按规定履行信息披露义务。
第一百一十条 公司根据有关法律法规及本章程的规定，在股东会召开前，以公告方式发出通知，通知中应列明会议召开的时间、地点和审议事项。股东会通知和补充通知中应当充分、完整披露所有提案的全部具体内容。董事会、审计委员会、单独或者合计持有公司百分之一以上股份的股东，有权向公司提出提案。公司应当在股东会结束后及时公告决议，并按规定履行信息披露义务。
第一百一十条 公司根据有关法律法规及本章程的规定，在股东会召开前，以公告方式发出通知，通知中应列明会议召开的时间、地点和审议事项。股东会通知和补充通知中应当充分、完整披露所有提案的全部具体内容。董事会、审计委员会、单独或者合计持有公司百分之一以上股份的股东，有权向公司提出提案。公司应当在股东会结束后及时公告决议，并按规定履行信息披露义务。第一百一十条 公司根据有关法律法规及本章程的规定，在股东会召开前，以公告方式发出通知，通知中应列明会议召开的时间、地点和审议事项。股东会通知和补充通知中应当充分、完整披露所有提案的全部具体内容。董事会、审计委员会、单独或者合计持有公司百分之一以上股份的股东，有权向公司提出提案。公司应当在股东会结束后及时公告决议，并按规定履行信息披露义务。第一百一十条 公司根据有关法律法规及本章程的规定，在股东会召开前，以公告方式发出通知，通知中应列明会议召开的时间、地点和审议事项。股东会通知和补充通知中应当充分、完整披露所有提案的全部具体内容。董事会、审计委员会、单独或者合计持有公司百分之一以上股份的股东，有权向公司提出提案。公司应当在股东会结束后及时公告决议，并按规定履行信息披露义务。第一百一十条 公司根据有关法律法规及本章程的规定，在股东会召开前，以公告方式发出通知，通知中应列明会议召开的时间、地点和审议事项。股东会通知和补充通知中应当充分、完整披露所有提案的全部具体内容。董事会、审计委员会、单独或者合计持有公司百分之一以上股份的股东，有权向公司提出提案。公司应当在股东会结束后及时公告决议，并按规定履行信息披露义务。
第三节 审计委员会
原条款
第一百一十条 公司根据有关法律法规及本章程的规定，在股东会召开前，以公告方式发出通知，通知中应列明会议召开的时间、地点和审议事项。股东会通知和补充通知中应当充分、完整披露所有提案的全部具体内容。董事会、审计委员会、单独或者合计持有公司百分之一以上股份的股东，有权向公司提出提案。公司应当在股东会结束后及时公告决议，并按规定履行信息披露义务。
第一百一十条 公司根据有关法律法规及本章程的规定，在股东会召开前，以公告方式发出通知，通知中应列明会议召开的时间、地点和审议事项。股东会通知和补充通知中应当充分、完整披露所有提案的全部具体内容。董事会、审计委员会、单独或者合计持有公司百分之一以上股份的股东，有权向公司提出提案。公司应当在股东会结束后及时公告决议，并按规定履行信息披露义务。第一百一十条 公司根据有关法律法规及本章程的规定，在股东会召开前，以公告方式发出通知，通知中应列明会议召开的时间、地点和审议事项。股东会通知和补充通知中应当充分、完整披露所有提案的全部具体内容。董事会、审计委员会、单独或者合计持有公司百分之一以上股份的股东，有权向公司提出提案。公司应当在股东会结束后及时公告决议，并按规定履行信息披露义务。
第一百一十条 公司根据有关法律法规及本章程的规定，在股东会召开前，以公告方式发出通知，通知中应列明会议召开的时间、地点和审议事项。股东会通知和补充通知中应当充分、完整披露所有提案的全部具体内容。董事会、审计委员会、单独或者合计持有公司百分之一以上股份的股东，有权向公司提出提案。公司应当在股东会结束后及时公告决议，并按规定履行信息披露义务。
第一百一十条 公司根据有关法律法规及本章程的规定，在股东会召开前，以公告方式发出通知，通知中应列明会议召开的时间、地点和审议事项。股东会通知和补充通知中应当充分、完整披露所有提案的全部具体内容。董事会、审计委员会、单独或者合计持有公司百分之一以上股份的股东，有权向公司提出提案。公司应当在股东会结束后及时公告决议，并按规定履行信息披露义务。第一百一十条 公司根据有关法律法规及本章程的规定，在股东会召开前，以公告方式发出通知，通知中应列明会议召开的时间、地点和审议事项。股东会通知和补充通知中应当充分、完整披露所有提案的全部具体内容。董事会、审计委员会、单独或者合计持有公司百分之一以上股份的股东，有权向公司提出提案。公司应当在股东会结束后及时公告决议，并按规定履行信息披露义务。
修订后条款
第一百一十条 公司根据有关法律法规及本章程的规定，在股东会召开前，以公告方式发出通知，通知中应列明会议召开的时间、地点和审议事项。股东会通知和补充通知中应当充分、完整披露所有提案的全部具体内容。董事会、审计委员会、单独或者合计持有公司百分之一以上股份的股东，有权向公司提出提案。公司应当在股东会结束后及时公告决议，并按规定履行信息披露义务。
删除
第一百一十条 公司根据有关法律法规及本章程的规定，在股东会召开前，以公告方式发出通知，通知中应列明会议召开的时间、地点和审议事项。股东会通知和补充通知中应当充分、完整披露所有提案的全部具体内容。董事会、审计委员会、单独或者合计持有公司百分之一以上股份的股东，有权向公司提出提案。公司应当在股东会结束后及时公告决议，并按规定履行信息披露义务。
第一百一十条 公司根据有关法律法规及本章程的规定，在股东会召开前，以公告方式发出通知，通知中应列明会议召开的时间、地点和审议事项。股东会通知和补充通知中应当充分、完整披露所有提案的全部具体内容。董事会、审计委员会、单独或者合计持有公司百分之一以上股份的股东，有权向公司提出提案。公司应当在股东会结束后及时公告决议，并按规定履行信息披露义务。
第一百一十条 公司根据有关法律法规及本章程的规定，在股东会召开前，以公告方式发出通知，通知中应列明会议召开的时间、地点和审议事项。股东会通知和补充通知中应当充分、完整披露所有提案的全部具体内容。董事会、审计委员会、单独或者合计持有公司百分之一以上股份的股东，有权向公司提出提案。公司应当在股东会结束后及时公告决议，并按规定履行信息披露义务。第一百一十条 公司根据有关法律法规及本章程的规定，在股东会召开前，以公告方式发出通知，通知中应列明会议召开的时间、地点和审议事项。股东会通知和补充通知中应当充分、完整披露所有提案的全部具体内容。董事会、审计委员会、单独或者合计持有公司百分之一以上股份的股东，有权向公司提出提案。公司应当在股东会结束后及时公告决议，并按规定履行信息披露义务。
第一百一十条 公司根据有关法律法规及本章程的规定，在股东会召开前，以公告方式发出通知，通知中应列明会议召开的时间、地点和审议事项。股东会通知和补充通知中应当充分、完整披露所有提案的全部具体内容。董事会、审计委员会、单独或者合计持有公司百分之一以上股份的股东，有权向公司提出提案。公司应当在股东会结束后及时公告决议，并按规定履行信息披露义务。第一百一十条 公司根据有关法律法规及本章程的规定，在股东会召开前，以公告方式发出通知，通知中应列明会议召开的时间、地点和审议事项。股东会通知和补充通知中应当充分、完整披露所有提案的全部具体内容。董事会、审计委员会、单独或者合计持有公司百分之一以上股份的股东，有权向公司提出提案。公司应当在股东会结束后及时公告决议，并按规定履行信息披露义务。第一百一十条 公司根据有关法律法规及本章程的规定，在股东会召开前，以公告方式发出通知，通知中应列明会议召开的时间、地点和审议事项。股东会通知和补充通知中应当充分、完整披露所有提案的全部具体内容。董事会、审计委员会、单独或者合计持有公司百分之一以上股份的股东，有权向公司提出提案。公司应当在股东会结束后及时公告决议，并按规定履行信息披露义务。
第七节 附则
原条款
第一百一十条 公司根据有关法律法规及本章程的规定，在股东会召开前，以公告方式发出通知，通知中应列明会议召开的时间、地点和审议事项。股东会通知和补充通知中应当充分、完整披露所有提案的全部具体内容。董事会、审计委员会、单独或者合计持有公司百分之一以上股份的股东，有权向公司提出提案。公司应当在股东会结束后及时公告决议，并按规定履行信息披露义务。
第一百一十条 公司根据有关法律法规及本章程的规定，在股东会召开前，以公告方式发出通知，通知中应列明会议召开的时间、地点和审议事项。股东会通知和补充通知中应当充分、完整披露所有提案的全部具体内容。董事会、审计委员会、单独或者合计持有公司百分之一以上股份的股东，有权向公司提出提案。公司应当在股东会结束后及时公告决议，并按规定履行信息披露义务。第一百一十条 公司根据有关法律法规及本章程的规定，在股东会召开前，以公告方式发出通知，通知中应列明会议召开的时间、地点和审议事项。股东会通知和补充通知中应当充分、完整披露所有提案的全部具体内容。董事会、审计委员会、单独或者合计持有公司百分之一以上股份的股东，有权向公司提出提案。公司应当在股东会结束后及时公告决议，并按规定履行信息披露义务。
第一百一十条 公司根据有关法律法规及本章程的规定，在股东会召开前，以公告方式发出通知，通知中应列明会议召开的时间、地点和审议事项。股东会通知和补充通知中应当充分、完整披露所有提案的全部具体内容。董事会、审计委员会、单独或者合计持有公司百分之一以上股份的股东，有权向公司提出提案。公司应当在股东会结束后及时公告决议，并按规定履行信息披露义务。
第一百一十条 公司根据有关法律法规及本章程的规定，在股东会召开前，以公告方式发出通知，通知中应列明会议召开的时间、地点和审议事项。股东会通知和补充通知中应当充分、完整披露所有提案的全部具体内容。董事会、审计委员会、单独或者合计持有公司百分之一以上股份的股东，有权向公司提出提案。公司应当在股东会结束后及时公告决议，并按规定履行信息披露义务。第一百一十条 公司根据有关法律法规及本章程的规定，在股东会召开前，以公告方式发出通知，通知中应列明会议召开的时间、地点和审议事项。股东会通知和补充通知中应当充分、完整披露所有提案的全部具体内容。董事会、审计委员会、单独或者合计持有公司百分之一以上股份的股东，有权向公司提出提案。公司应当在股东会结束后及时公告决议，并按规定履行信息披露义务。
修订后条款
第一百一十条 公司根据有关法律法规及本章程的规定，在股东会召开前，以公告方式发出通知，通知中应列明会议召开的时间、地点和审议事项。股东会通知和补充通知中应当充分、完整披露所有提案的全部具体内容。董事会、审计委员会、单独或者合计持有公司百分之一以上股份的股东，有权向公司提出提案。公司应当在股东会结束后及时公告决议，并按规定履行信息披露义务。
删除
第一百一十条 公司根据有关法律法规及本章程的规定，在股东会召开前，以公告方式发出通知，通知中应列明会议召开的时间、地点和审议事项。股东会通知和补充通知中应当充分、完整披露所有提案的全部具体内容。董事会、审计委员会、单独或者合计持有公司百分之一以上股份的股东，有权向公司提出提案。公司应当在股东会结束后及时公告决议，并按规定履行信息披露义务。
第一百一十条 公司根据有关法律法规及本章程的规定，在股东会召开前，以公告方式发出通知，通知中应列明会议召开的时间、地点和审议事项。股东会通知和补充通知中应当充分、完整披露所有提案的全部具体内容。董事会、审计委员会、单独或者合计持有公司百分之一以上股份的股东，有权向公司提出提案。公司应当在股东会结束后及时公告决议，并按规定履行信息披露义务。
第一百一十条 公司根据有关法律法规及本章程的规定，在股东会召开前，以公告方式发出通知，通知中应列明会议召开的时间、地点和审议事项。股东会通知和补充通知中应当充分、完整披露所有提案的全部具体内容。董事会、审计委员会、单独或者合计持有公司百分之一以上股份的股东，有权向公司提出提案。公司应当在股东会结束后及时公告决议，并按规定履行信息披露义务。第一百一十条 公司根据有关法律法规及本章程的规定，在股东会召开前，以公告方式发出通知，通知中应列明会议召开的时间、地点和审议事项。股东会通知和补充通知中应当充分、完整披露所有提案的全部具体内容。董事会、审计委员会、单独或者合计持有公司百分之一以上股份的股东，有权向公司提出提案。公司应当在股东会结束后及时公告决议，并按规定履行信息披露义务。
第一百一十条 公司根据有关法律法规及本章程的规定，在股东会召开前，以公告方式发出通知，通知中应列明会议召开的时间、地点和审议事项。股东会通知和补充通知中应当充分、完整披露所有提案的全部具体内容。董事会、审计委员会、单独或者合计持有公司百分之一以上股份的股东，有权向公司提出提案。公司应当在股东会结束后及时公告决议，并按规定履行信息披露义务。第一百一十条 公司根据有关法律法规及本章程的规定，在股东会召开前，以公告方式发出通知，通知中应列明会议召开的时间、地点和审议事项。股东会通知和补充通知中应当充分、完整披露所有提案的全部具体内容。董事会、审计委员会、单独或者合计持有公司百分之一以上股份的股东，有权向公司提出提案。公司应当在股东会结束后及时公告决议，并按规定履行信息披露义务。第一百一十条 公司根据有关法律法规及本章程的规定，在股东会召开前，以公告方式发出通知，通知中应列明会议召开的时间、地点和审议事项。股东会通知和补充通知中应当充分、完整披露所有提案的全部具体内容。董事会、审计委员会、单独或者合计持有公司百分之一以上股份的股东，有权向公司提出提案。公司应当在股东会结束后及时公告决议，并按规定履行信息披露义务。第一百一十条 公司根据有关法律法规及本章程的规定，在股东会召开前，以公告方式发出通知，通知中应列明会议召开的时间、地点和审议事项。股东会通知和补充通知中应当充分、完整披露所有提案的全部具体内容。董事会、审计委员会、单独或者合计持有公司百分之一以上股份的股东，有权向公司提出提案。公司应当在股东会结束后及时公告决议，并按规定履行信息披露义务。
第一节 股东会的一般规定
原条款
第一百一十条 公司根据有关法律法规及本章程的规定，在股东会召开前，以公告方式发出通知，通知中应列明会议召开的时间、地点和审议事项。股东会通知和补充通知中应当充分、完整披露所有提案的全部具体内容。董事会、审计委员会、单独或者合计持有公司百分之一以上股份的股东，有权向公司提出提案。公司应当在股东会结束后及时公告决议，并按规定履行信息披露义务。
第一百一十条 公司根据有关法律法规及本章程的规定，在股东会召开前，以公告方式发出通知，通知中应列明会议召开的时间、地点和审议事项。股东会通知和补充通知中应当充分、完整披露所有提案的全部具体内容。董事会、审计委员会、单独或者合计持有公司百分之一以上股份的股东，有权向公司提出提案。公司应当在股东会结束后及时公告决议，并按规定履行信息披露义务。第一百一十条 公司根据有关法律法规及本章程的规定，在股东会召开前，以公告方式发出通知，通知中应列明会议召开的时间、地点和审议事项。股东会通知和补充通知中应当充分、完整披露所有提案的全部具体内容。董事会、审计委员会、单独或者合计持有公司百分之一以上股份的股东，有权向公司提出提案。公司应当在股东会结束后及时公告决议，并按规定履行信息披露义务。
第一百一十条 公司根据有关法律法规及本章程的规定，在股东会召开前，以公告方式发出通知，通知中应列明会议召开的时间、地点和审议事项。股东会通知和补充通知中应当充分、完整披露所有提案的全部具体内容。董事会、审计委员会、单独或者合计持有公司百分之一以上股份的股东，有权向公司提出提案。公司应当在股东会结束后及时公告决议，并按规定履行信息披露义务。
修订后条款
第一百一十条 公司根据有关法律法规及本章程的规定，在股东会召开前，以公告方式发出通知，通知中应列明会议召开的时间、地点和审议事项。股东会通知和补充通知中应当充分、完整披露所有提案的全部具体内容。董事会、审计委员会、单独或者合计持有公司百分之一以上股份的股东，有权向公司提出提案。公司应当在股东会结束后及时公告决议，并按规定履行信息披露义务。
删除
第一百一十条 公司根据有关法律法规及本章程的规定，在股东会召开前，以公告方式发出通知，通知中应列明会议召开的时间、地点和审议事项。股东会通知和补充通知中应当充分、完整披露所有提案的全部具体内容。董事会、审计委员会、单独或者合计持有公司百分之一以上股份的股东，有权向公司提出提案。公司应当在股东会结束后及时公告决议，并按规定履行信息披露义务。
第一百一十条 公司根据有关法律法规及本章程的规定，在股东会召开前，以公告方式发出通知，通知中应列明会议召开的时间、地点和审议事项。股东会通知和补充通知中应当充分、完整披露所有提案的全部具体内容。董事会、审计委员会、单独或者合计持有公司百分之一以上股份的股东，有权向公司提出提案。公司应当在股东会结束后及时公告决议，并按规定履行信息披露义务。
第一百一十条 公司根据有关法律法规及本章程的规定，在股东会召开前，以公告方式发出通知，通知中应列明会议召开的时间、地点和审议事项。股东会通知和补充通知中应当充分、完整披露所有提案的全部具体内容。董事会、审计委员会、单独或者合计持有公司百分之一以上股份的股东，有权向公司提出提案。公司应当在股东会结束后及时公告决议，并按规定履行信息披露义务。第一百一十条 公司根据有关法律法规及本章程的规定，在股东会召开前，以公告方式发出通知，通知中应列明会议召开的时间、地点和审议事项。股东会通知和补充通知中应当充分、完整披露所有提案的全部具体内容。董事会、审计委员会、单独或者合计持有公司百分之一以上股份的股东，有权向公司提出提案。公司应当在股东会结束后及时公告决议，并按规定履行信息披露义务。第一百一十条 公司根据有关法律法规及本章程的规定，在股东会召开前，以公告方式发出通知，通知中应列明会议召开的时间、地点和审议事项。股东会通知和补充通知中应当充分、完整披露所有提案的全部具体内容。董事会、审计委员会、单独或者合计持有公司百分之一以上股份的股东，有权向公司提出提案。公司应当在股东会结束后及时公告决议，并按规定履行信息披露义务。第一百一十条 公司根据有关法律法规及本章程的规定，在股东会召开前，以公告方式发出通知，通知中应列明会议召开的时间、地点和审议事项。股东会通知和补充通知中应当充分、完整披露所有提案的全部具体内容。董事会、审计委员会、单独或者合计持有公司百分之一以上股份的股东，有权向公司提出提案。公司应当在股东会结束后及时公告决议，并按规定履行信息披露义务。第一百一十条 公司根据有关法律法规及本章程的规定，在股东会召开前，以公告方式发出通知，通知中应列明会议召开的时间、地点和审议事项。股东会通知和补充通知中应当充分、完整披露所有提案的全部具体内容。董事会、审计委员会、单独或者合计持有公司百分之一以上股份的股东，有权向公司提出提案。公司应当在股东会结束后及时公告决议，并按规定履行信息披露义务。
第二节 董事会
原条款
第一百一十条 公司根据有关法律法规及本章程的规定，在股东会召开前，以公告方式发出通知，通知中应列明会议召开的时间、地点和审议事项。股东会通知和补充通知中应当充分、完整披露所有提案的全部具体内容。董事会、审计委员会、单独或者合计持有公司百分之一以上股份的股东，有权向公司提出提案。公司应当在股东会结束后及时公告决议，并按规定履行信息披露义务。
第一百一十条 公司根据有关法律法规及本章程的规定，在股东会召开前，以公告方式发出通知，通知中应列明会议召开的时间、地点和审议事项。股东会通知和补充通知中应当充分、完整披露所有提案的全部具体内容。董事会、审计委员会、单独或者合计持有公司百分之一以上股份的股东，有权向公司提出提案。公司应当在股东会结束后及时公告决议，并按规定履行信息披露义务。第一百一十条 公司根据有关法律法规及本章程的规定，在股东会召开前，以公告方式发出通知，通知中应列明会议召开的时间、地点和审议事项。股东会通知和补充通知中应当充分、完整披露所有提案的全部具体内容。董事会、审计委员会、单独或者合计持有公司百分之一以上股份的股东，有权向公司提出提案。公司应当在股东会结束后及时公告决议，并按规定履行信息披露义务。
第一百一十条 公司根据有关法律法规及本章程的规定，在股东会召开前，以公告方式发出通知，通知中应列明会议召开的时间、地点和审议事项。股东会通知和补充通知中应当充分、完整披露所有提案的全部具体内容。董事会、审计委员会、单独或者合计持有公司百分之一以上股份的股东，有权向公司提出提案。公司应当在股东会结束后及时公告决议，并按规定履行信息披露义务。
第一百一十条 公司根据有关法律法规及本章程的规定，在股东会召开前，以公告方式发出通知，通知中应列明会议召开的时间、地点和审议事项。股东会通知和补充通知中应当充分、完整披露所有提案的全部具体内容。董事会、审计委员会、单独或者合计持有公司百分之一以上股份的股东，有权向公司提出提案。公司应当在股东会结束后及时公告决议，并按规定履行信息披露义务。第一百一十条 公司根据有关法律法规及本章程的规定，在股东会召开前，以公告方式发出通知，通知中应列明会议召开的时间、地点和审议事项。股东会通知和补充通知中应当充分、完整披露所有提案的全部具体内容。董事会、审计委员会、单独或者合计持有公司百分之一以上股份的股东，有权向公司提出提案。公司应当在股东会结束后及时公告决议，并按规定履行信息披露义务。
修订后条款
第一百一十条 公司根据有关法律法规及本章程的规定，在股东会召开前，以公告方式发出通知，通知中应列明会议召开的时间、地点和审议事项。股东会通知和补充通知中应当充分、完整披露所有提案的全部具体内容。董事会、审计委员会、单独或者合计持有公司百分之一以上股份的股东，有权向公司提出提案。公司应当在股东会结束后及时公告决议，并按规定履行信息披露义务。
删除
第一百一十条 公司根据有关法律法规及本章程的规定，在股东会召开前，以公告方式发出通知，通知中应列明会议召开的时间、地点和审议事项。股东会通知和补充通知中应当充分、完整披露所有提案的全部具体内容。董事会、审计委员会、单独或者合计持有公司百分之一以上股份的股东，有权向公司提出提案。公司应当在股东会结束后及时公告决议，并按规定履行信息披露义务。
第一百一十条 公司根据有关法律法规及本章程的规定，在股东会召开前，以公告方式发出通知，通知中应列明会议召开的时间、地点和审议事项。股东会通知和补充通知中应当充分、完整披露所有提案的全部具体内容。董事会、审计委员会、单独或者合计持有公司百分之一以上股份的股东，有权向公司提出提案。公司应当在股东会结束后及时公告决议，并按规定履行信息披露义务。
第一百一十条 公司根据有关法律法规及本章程的规定，在股东会召开前，以公告方式发出通知，通知中应列明会议召开的时间、地点和审议事项。股东会通知和补充通知中应当充分、完整披露所有提案的全部具体内容。董事会、审计委员会、单独或者合计持有公司百分之一以上股份的股东，有权向公司提出提案。公司应当在股东会结束后及时公告决议，并按规定履行信息披露义务。第一百一十条 公司根据有关法律法规及本章程的规定，在股东会召开前，以公告方式发出通知，通知中应列明会议召开的时间、地点和审议事项。股东会通知和补充通知中应当充分、完整披露所有提案的全部具体内容。董事会、审计委员会、单独或者合计持有公司百分之一以上股份的股东，有权向公司提出提案。公司应当在股东会结束后及时公告决议，并按规定履行信息披露义务。
第一百一十条 公司根据有关法律法规及本章程的规定，在股东会召开前，以公告方式发出通知，通知中应列明会议召开的时间、地点和审议事项。股东会通知和补充通知中应当充分、完整披露所有提案的全部具体内容。董事会、审计委员会、单独或者合计持有公司百分之一以上股份的股东，有权向公司提出提案。公司应当在股东会结束后及时公告决议，并按规定履行信息披露义务。第一百一十条 公司根据有关法律法规及本章程的规定，在股东会召开前，以公告方式发出通知，通知中应列明会议召开的时间、地点和审议事项。股东会通知和补充通知中应当充分、完整披露所有提案的全部具体内容。董事会、审计委员会、单独或者合计持有公司百分之一以上股份的股东，有权向公司提出提案。公司应当在股东会结束后及时公告决议，并按规定履行信息披露义务。第一百一十条 公司根据有关法律法规及本章程的规定，在股东会召开前，以公告方式发出通知，通知中应列明会议召开的时间、地点和审议事项。股东会通知和补充通知中应当充分、完整披露所有提案的全部具体内容。董事会、审计委员会、单独或者合计持有公司百分之一以上股份的股东，有权向公司提出提案。公司应当在股东会结束后及时公告决议，并按规定履行信息披露义务。
第三节 审计委员会
原条款
第一百一十条 公司根据有关法律法规及本章程的规定，在股东会召开前，以公告方式发出通知，通知中应列明会议召开的时间、地点和审议事项。股东会通知和补充通知中应当充分、完整披露所有提案的全部具体内容。董事会、审计委员会、单独或者合计持有公司百分之一以上股份的股东，有权向公司提出提案。公司应当在股东会结束后及时公告决议，并按规定履行信息披露义务。
第一百一十条 公司根据有关法律法规及本章程的规定，在股东会召开前，以公告方式发出通知，通知中应列明会议召开的时间、地点和审议事项。股东会通知和补充通知中应当充分、完整披露所有提案的全部具体内容。董事会、审计委员会、单独或者合计持有公司百分之一以上股份的股东，有权向公司提出提案。公司应当在股东会结束后及时公告决议，并按规定履行信息披露义务。第一百一十条 公司根据有关法律法规及本章程的规定，在股东会召开前，以公告方式发出通知，通知中应列明会议召开的时间、地点和审议事项。股东会通知和补充通知中应当充分、完整披露所有提案的全部具体内容。董事会、审计委员会、单独或者合计持有公司百分之一以上股份的股东，有权向公司提出提案。公司应当在股东会结束后及时公告决议，并按规定履行信息披露义务。
第一百一十条 公司根据有关法律法规及本章程的规定，在股东会召开前，以公告方式发出通知，通知中应列明会议召开的时间、地点和审议事项。股东会通知和补充通知中应当充分、完整披露所有提案的全部具体内容。董事会、审计委员会、单独或者合计持有公司百分之一以上股份的股东，有权向公司提出提案。公司应当在股东会结束后及时公告决议，并按规定履行信息披露义务。
修订后条款
第一百一十条 公司根据有关法律法规及本章程的规定，在股东会召开前，以公告方式发出通知，通知中应列明会议召开的时间、地点和审议事项。股东会通知和补充通知中应当充分、完整披露所有提案的全部具体内容。董事会、审计委员会、单独或者合计持有公司百分之一以上股份的股东，有权向公司提出提案。公司应当在股东会结束后及时公告决议，并按规定履行信息披露义务。
删除
第一百一十条 公司根据有关法律法规及本章程的规定，在股东会召开前，以公告方式发出通知，通知中应列明会议召开的时间、地点和审议事项。股东会通知和补充通知中应当充分、完整披露所有提案的全部具体内容。董事会、审计委员会、单独或者合计持有公司百分之一以上股份的股东，有权向公司提出提案。公司应当在股东会结束后及时公告决议，并按规定履行信息披露义务。
第一百一十条 公司根据有关法律法规及本章程的规定，在股东会召开前，以公告方式发出通知，通知中应列明会议召开的时间、地点和审议事项。股东会通知和补充通知中应当充分、完整披露所有提案的全部具体内容。董事会、审计委员会、单独或者合计持有公司百分之一以上股份的股东，有权向公司提出提案。公司应当在股东会结束后及时公告决议，并按规定履行信息披露义务。
第一百一十条 公司根据有关法律法规及本章程的规定，在股东会召开前，以公告方式发出通知，通知中应列明会议召开的时间、地点和审议事项。股东会通知和补充通知中应当充分、完整披露所有提案的全部具体内容。董事会、审计委员会、单独或者合计持有公司百分之一以上股份的股东，有权向公司提出提案。公司应当在股东会结束后及时公告决议，并按规定履行信息披露义务。第一百一十条 公司根据有关法律法规及本章程的规定，在股东会召开前，以公告方式发出通知，通知中应列明会议召开的时间、地点和审议事项。股东会通知和补充通知中应当充分、完整披露所有提案的全部具体内容。董事会、审计委员会、单独或者合计持有公司百分之一以上股份的股东，有权向公司提出提案。公司应当在股东会结束后及时公告决议，并按规定履行信息披露义务。第一百一十条 公司根据有关法律法规及本章程的规定，在股东会召开前，以公告方式发出通知，通知中应列明会议召开的时间、地点和审议事项。股东会通知和补充通知中应当充分、完整披露所有提案的全部具体内容。董事会、审计委员会、单独或者合计持有公司百分之一以上股份的股东，有权向公司提出提案。公司应当在股东会结束后及时公告决议，并按规定履行信息披露义务。第一百一十条 公司根据有关法律法规及本章程的规定，在股东会召开前，以公告方式发出通知，通知中应列明会议召开的时间、地点和审议事项。股东会通知和补充通知中应当充分、完整披露所有提案的全部具体内容。董事会、审计委员会、单独或者合计持有公司百分之一以上股份的股东，有权向公司提出提案。公司应当在股东会结束后及时公告决议，并按规定履行信息披露义务。
第四节 高级管理人员
原条款
第一百一十条 公司根据有关法律法规及本章程的规定，在股东会召开前，以公告方式发出通知，通知中应列明会议召开的时间、地点和审议事项。股东会通知和补充通知中应当充分、完整披露所有提案的全部具体内容。董事会、审计委员会、单独或者合计持有公司百分之一以上股份的股东，有权向公司提出提案。公司应当在股东会结束后及时公告决议，并按规定履行信息披露义务。
第一百一十条 公司根据有关法律法规及本章程的规定，在股东会召开前，以公告方式发出通知，通知中应列明会议召开的时间、地点和审议事项。股东会通知和补充通知中应当充分、完整披露所有提案的全部具体内容。董事会、审计委员会、单独或者合计持有公司百分之一以上股份的股东，有权向公司提出提案。公司应当在股东会结束后及时公告决议，并按规定履行信息披露义务。第一百一十条 公司根据有关法律法规及本章程的规定，在股东会召开前，以公告方式发出通知，通知中应列明会议召开的时间、地点和审议事项。股东会通知和补充通知中应当充分、完整披露所有提案的全部具体内容。董事会、审计委员会、单独或者合计持有公司百分之一以上股份的股东，有权向公司提出提案。公司应当在股东会结束后及时公告决议，并按规定履行信息披露义务。
第一百一十条 公司根据有关法律法规及本章程的规定，在股东会召开前，以公告方式发出通知，通知中应列明会议召开的时间、地点和审议事项。股东会通知和补充通知中应当充分、完整披露所有提案的全部具体内容。董事会、审计委员会、单独或者合计持有公司百分之一以上股份的股东，有权向公司提出提案。公司应当在股东会结束后及时公告决议，并按规定履行信息披露义务。
第一百一十条 公司根据有关法律法规及本章程的规定，在股东会召开前，以公告方式发出通知，通知中应列明会议召开的时间、地点和审议事项。股东会通知和补充通知中应当充分、完整披露所有提案的全部具体内容。董事会、审计委员会、单独或者合计持有公司百分之一以上股份的股东，有权向公司提出提案。公司应当在股东会结束后及时公告决议，并按规定履行信息披露义务。第一百一十条 公司根据有关法律法规及本章程的规定，在股东会召开前，以公告方式发出通知，通知中应列明会议召开的时间、地点和审议事项。股东会通知和补充通知中应当充分、完整披露所有提案的全部具体内容。董事会、审计委员会、单独或者合计持有公司百分之一以上股份的股东，有权向公司提出提案。公司应当在股东会结束后及时公告决议，并按规定履行信息披露义务。
修订后条款
第一百一十条 公司根据有关法律法规及本章程的规定，在股东会召开前，以公告方式发出通知，通知中应列明会议召开的时间、地点和审议事项。股东会通知和补充通知中应当充分、完整披露所有提案的全部具体内容。董事会、审计委员会、单独或者合计持有公司百分之一以上股份的股东，有权向公司提出提案。公司应当在股东会结束后及时公告决议，并按规定履行信息披露义务。
删除
第一百一十条 公司根据有关法律法规及本章程的规定，在股东会召开前，以公告方式发出通知，通知中应列明会议召开的时间、地点和审议事项。股东会通知和补充通知中应当充分、完整披露所有提案的全部具体内容。董事会、审计委员会、单独或者合计持有公司百分之一以上股份的股东，有权向公司提出提案。公司应当在股东会结束后及时公告决议，并按规定履行信息披露义务。
第一百一十条 公司根据有关法律法规及本章程的规定，在股东会召开前，以公告方式发出通知，通知中应列明会议召开的时间、地点和审议事项。股东会通知和补充通知中应当充分、完整披露所有提案的全部具体内容。董事会、审计委员会、单独或者合计持有公司百分之一以上股份的股东，有权向公司提出提案。公司应当在股东会结束后及时公告决议，并按规定履行信息披露义务。
第一百一十条 公司根据有关法律法规及本章程的规定，在股东会召开前，以公告方式发出通知，通知中应列明会议召开的时间、地点和审议事项。股东会通知和补充通知中应当充分、完整披露所有提案的全部具体内容。董事会、审计委员会、单独或者合计持有公司百分之一以上股份的股东，有权向公司提出提案。公司应当在股东会结束后及时公告决议，并按规定履行信息披露义务。第一百一十条 公司根据有关法律法规及本章程的规定，在股东会召开前，以公告方式发出通知，通知中应列明会议召开的时间、地点和审议事项。股东会通知和补充通知中应当充分、完整披露所有提案的全部具体内容。董事会、审计委员会、单独或者合计持有公司百分之一以上股份的股东，有权向公司提出提案。公司应当在股东会结束后及时公告决议，并按规定履行信息披露义务。
第一百一十条 公司根据有关法律法规及本章程的规定，在股东会召开前，以公告方式发出通知，通知中应列明会议召开的时间、地点和审议事项。股东会通知和补充通知中应当充分、完整披露所有提案的全部具体内容。董事会、审计委员会、单独或者合计持有公司百分之一以上股份的股东，有权向公司提出提案。公司应当在股东会结束后及时公告决议，并按规定履行信息披露义务。第一百一十条 公司根据有关法律法规及本章程的规定，在股东会召开前，以公告方式发出通知，通知中应列明会议召开的时间、地点和审议事项。股东会通知和补充通知中应当充分、完整披露所有提案的全部具体内容。董事会、审计委员会、单独或者合计持有公司百分之一以上股份的股东，有权向公司提出提案。公司应当在股东会结束后及时公告决议，并按规定履行信息披露义务。第一百一十条 公司根据有关法律法规及本章程的规定，在股东会召开前，以公告方式发出通知，通知中应列明会议召开的时间、地点和审议事项。股东会通知和补充通知中应当充分、完整披露所有提案的全部具体内容。董事会、审计委员会、单独或者合计持有公司百分之一以上股份的股东，有权向公司提出提案。公司应当在股东会结束后及时公告决议，并按规定履行信息披露义务。第一百一十条 公司根据有关法律法规及本章程的规定，在股东会召开前，以公告方式发出通知，通知中应列明会议召开的时间、地点和审议事项。股东会通知和补充通知中应当充分、完整披露所有提案的全部具体内容。董事会、审计委员会、单独或者合计持有公司百分之一以上股份的股东，有权向公司提出提案。公司应当在股东会结束后及时公告决议，并按规定履行信息披露义务。第一百一十条 公司根据有关法律法规及本章程的规定，在股东会召开前，以公告方式发出通知，通知中应列明会议召开的时间、地点和审议事项。股东会通知和补充通知中应当充分、完整披露所有提案的全部具体内容。董事会、审计委员会、单独或者合计持有公司百分之一以上股份的股东，有权向公司提出提案。公司应当在股东会结束后及时公告决议，并按规定履行信息披露义务。
第五节 利润分配
原条款
第一百一十条 公司根据有关法律法规及本章程的规定，在股东会召开前，以公告方式发出通知，通知中应列明会议召开的时间、地点和审议事项。股东会通知和补充通知中应当充分、完整披露所有提案的全部具体内容。董事会、审计委员会、单独或者合计持有公司百分之一以上股份的股东，有权向公司提出提案。公司应当在股东会结束后及时公告决议，并按规定履行信息披露义务。
第一百一十条 公司根据有关法律法规及本章程的规定，在股东会召开前，以公告方式发出通知，通知中应列明会议召开的时间、地点和审议事项。股东会通知和补充通知中应当充分、完整披露所有提案的全部具体内容。董事会、审计委员会、单独或者合计持有公司百分之一以上股份的股东，有权向公司提出提案。公司应当在股东会结束后及时公告决议，并按规定履行信息披露义务。第一百一十条 公司根据有关法律法规及本章程的规定，在股东会召开前，以公告方式发出通知，通知中应列明会议召开的时间、地点和审议事项。股东会通知和补充通知中应当充分、完整披露所有提案的全部具体内容。董事会、审计委员会、单独或者合计持有公司百分之一以上股份的股东，有权向公司提出提案。公司应当在股东会结束后及时公告决议，并按规定履行信息披露义务。
第一百一十条 公司根据有关法律法规及本章程的规定，在股东会召开前，以公告方式发出通知，通知中应列明会议召开的时间、地点和审议事项。股东会通知和补充通知中应当充分、完整披露所有提案的全部具体内容。董事会、审计委员会、单独或者合计持有公司百分之一以上股份的股东，有权向公司提出提案。公司应当在股东会结束后及时公告决议，并按规定履行信息披露义务。
修订后条款
第一百一十条 公司根据有关法律法规及本章程的规定，在股东会召开前，以公告方式发出通知，通知中应列明会议召开的时间、地点和审议事项。股东会通知和补充通知中应当充分、完整披露所有提案的全部具体内容。董事会、审计委员会、单独或者合计持有公司百分之一以上股份的股东，有权向公司提出提案。公司应当在股东会结束后及时公告决议，并按规定履行信息披露义务。
删除
第一百一十条 公司根据有关法律法规及本章程的规定，在股东会召开前，以公告方式发出通知，通知中应列明会议召开的时间、地点和审议事项。股东会通知和补充通知中应当充分、完整披露所有提案的全部具体内容。董事会、审计委员会、单独或者合计持有公司百分之一以上股份的股东，有权向公司提出提案。公司应当在股东会结束后及时公告决议，并按规定履行信息披露义务。
第一百一十条 公司根据有关法律法规及本章程的规定，在股东会召开前，以公告方式发出通知，通知中应列明会议召开的时间、地点和审议事项。股东会通知和补充通知中应当充分、完整披露所有提案的全部具体内容。董事会、审计委员会、单独或者合计持有公司百分之一以上股份的股东，有权向公司提出提案。公司应当在股东会结束后及时公告决议，并按规定履行信息披露义务。
